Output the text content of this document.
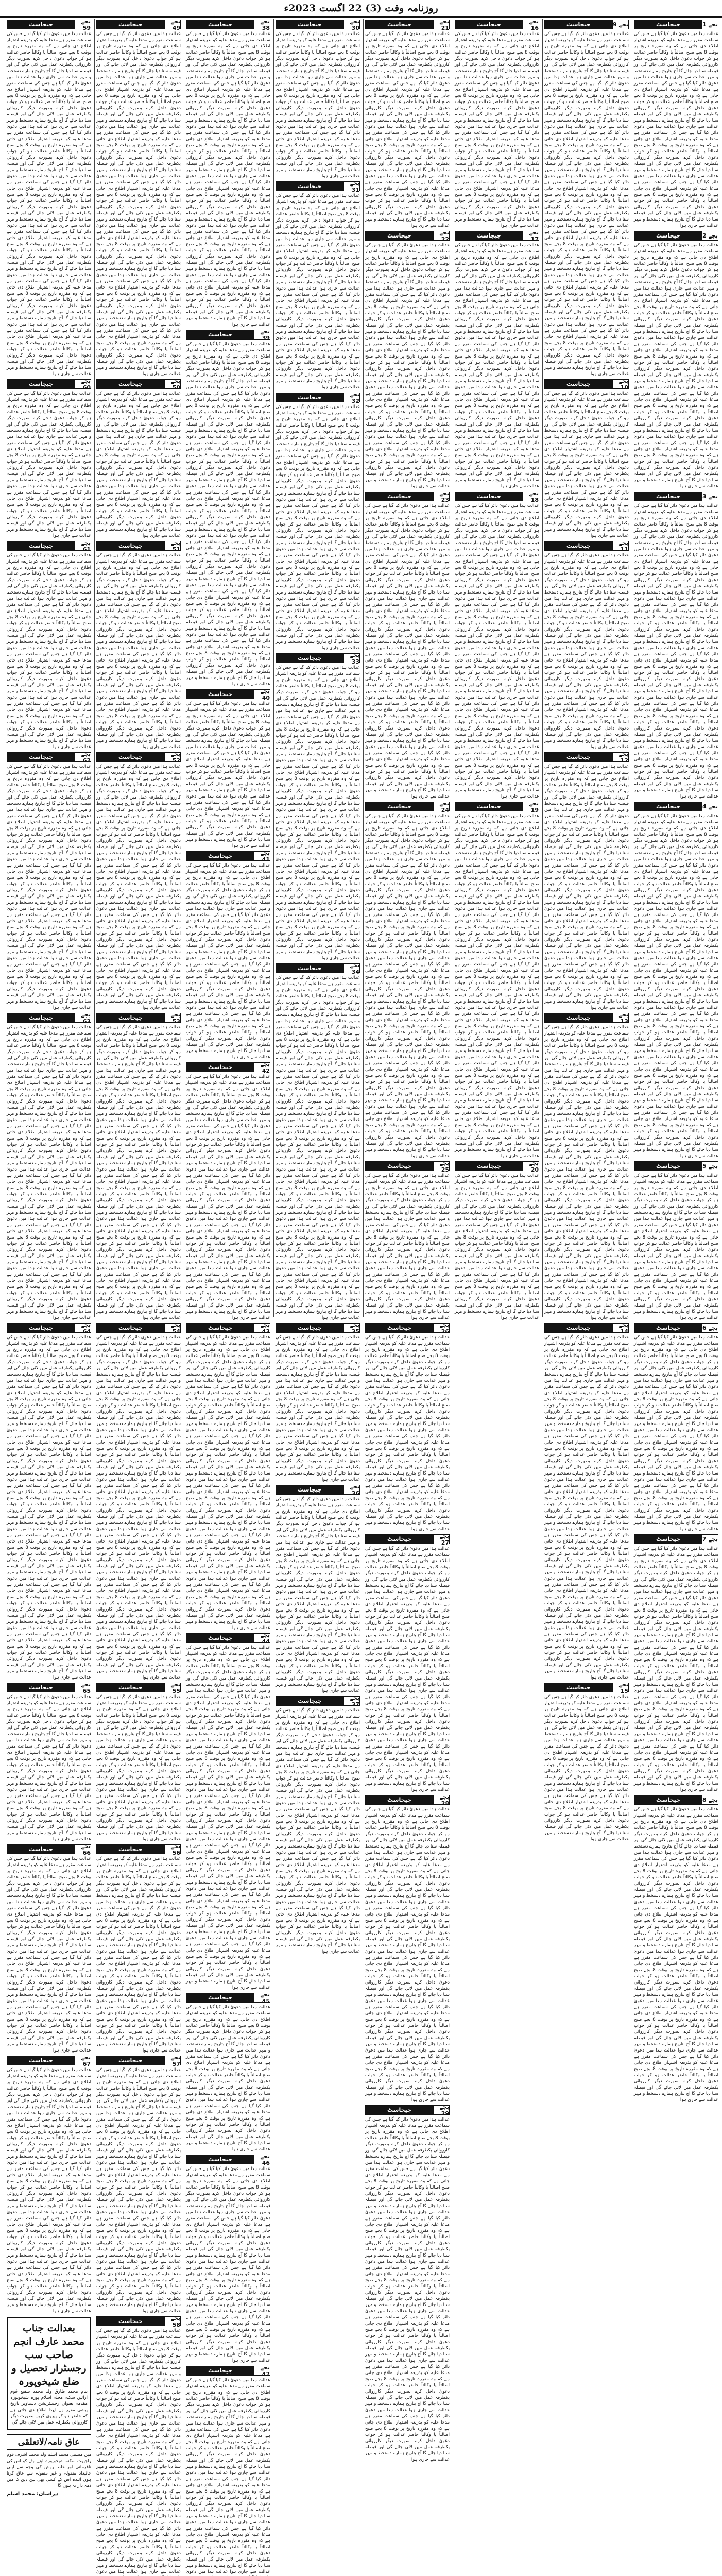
روزنامہ وقت (3) 22 اگست 2023ء
بجے 1
جیجاسٹ
عدالت ہذا میں دعویٰ دائر کیا گیا ہے جس کی سماعت مقرر ہے مدعا علیہ کو بذریعہ اشتہار اطلاع دی جاتی ہے کہ وہ مقررہ تاریخ پر بوقت 8 بجے صبح اصالتاً یا وکالتاً حاضر عدالت ہو کر جواب دعویٰ داخل کرے بصورت دیگر کارروائی یکطرفہ عمل میں لائی جائے گی اور فیصلہ سنا دیا جائے گا آج بتاریخ ہمارے دستخط و مہر عدالت سے جاری ہوا عدالت ہذا میں دعویٰ دائر کیا گیا ہے جس کی سماعت مقرر ہے مدعا علیہ کو بذریعہ اشتہار اطلاع دی جاتی ہے کہ وہ مقررہ تاریخ پر بوقت 8 بجے صبح اصالتاً یا وکالتاً حاضر عدالت ہو کر جواب دعویٰ داخل کرے بصورت دیگر کارروائی یکطرفہ عمل میں لائی جائے گی اور فیصلہ سنا دیا جائے گا آج بتاریخ ہمارے دستخط و مہر عدالت سے جاری ہوا عدالت ہذا میں دعویٰ دائر کیا گیا ہے جس کی سماعت مقرر ہے مدعا علیہ کو بذریعہ اشتہار اطلاع دی جاتی ہے کہ وہ مقررہ تاریخ پر بوقت 8 بجے صبح اصالتاً یا وکالتاً حاضر عدالت ہو کر جواب دعویٰ داخل کرے بصورت دیگر کارروائی یکطرفہ عمل میں لائی جائے گی اور فیصلہ سنا دیا جائے گا آج بتاریخ ہمارے دستخط و مہر عدالت سے جاری ہوا عدالت ہذا میں دعویٰ دائر کیا گیا ہے جس کی سماعت مقرر ہے مدعا علیہ کو بذریعہ اشتہار اطلاع دی جاتی ہے کہ وہ مقررہ تاریخ پر بوقت 8 بجے صبح اصالتاً یا وکالتاً حاضر عدالت ہو کر جواب دعویٰ داخل کرے بصورت دیگر کارروائی یکطرفہ عمل میں لائی جائے گی اور فیصلہ سنا دیا جائے گا آج بتاریخ ہمارے دستخط و مہر عدالت سے جاری ہوا
بجے 2
جیجاسٹ
عدالت ہذا میں دعویٰ دائر کیا گیا ہے جس کی سماعت مقرر ہے مدعا علیہ کو بذریعہ اشتہار اطلاع دی جاتی ہے کہ وہ مقررہ تاریخ پر بوقت 8 بجے صبح اصالتاً یا وکالتاً حاضر عدالت ہو کر جواب دعویٰ داخل کرے بصورت دیگر کارروائی یکطرفہ عمل میں لائی جائے گی اور فیصلہ سنا دیا جائے گا آج بتاریخ ہمارے دستخط و مہر عدالت سے جاری ہوا عدالت ہذا میں دعویٰ دائر کیا گیا ہے جس کی سماعت مقرر ہے مدعا علیہ کو بذریعہ اشتہار اطلاع دی جاتی ہے کہ وہ مقررہ تاریخ پر بوقت 8 بجے صبح اصالتاً یا وکالتاً حاضر عدالت ہو کر جواب دعویٰ داخل کرے بصورت دیگر کارروائی یکطرفہ عمل میں لائی جائے گی اور فیصلہ سنا دیا جائے گا آج بتاریخ ہمارے دستخط و مہر عدالت سے جاری ہوا عدالت ہذا میں دعویٰ دائر کیا گیا ہے جس کی سماعت مقرر ہے مدعا علیہ کو بذریعہ اشتہار اطلاع دی جاتی ہے کہ وہ مقررہ تاریخ پر بوقت 8 بجے صبح اصالتاً یا وکالتاً حاضر عدالت ہو کر جواب دعویٰ داخل کرے بصورت دیگر کارروائی یکطرفہ عمل میں لائی جائے گی اور فیصلہ سنا دیا جائے گا آج بتاریخ ہمارے دستخط و مہر عدالت سے جاری ہوا عدالت ہذا میں دعویٰ دائر کیا گیا ہے جس کی سماعت مقرر ہے مدعا علیہ کو بذریعہ اشتہار اطلاع دی جاتی ہے کہ وہ مقررہ تاریخ پر بوقت 8 بجے صبح اصالتاً یا وکالتاً حاضر عدالت ہو کر جواب دعویٰ داخل کرے بصورت دیگر کارروائی یکطرفہ عمل میں لائی جائے گی اور فیصلہ سنا دیا جائے گا آج بتاریخ ہمارے دستخط و مہر عدالت سے جاری ہوا عدالت ہذا میں دعویٰ دائر کیا گیا ہے جس کی سماعت مقرر ہے مدعا علیہ کو بذریعہ اشتہار اطلاع دی جاتی ہے کہ وہ مقررہ تاریخ پر بوقت 8 بجے صبح اصالتاً یا وکالتاً حاضر عدالت ہو کر جواب دعویٰ داخل کرے بصورت دیگر کارروائی یکطرفہ عمل میں لائی جائے گی اور فیصلہ سنا دیا جائے گا آج بتاریخ ہمارے دستخط و مہر عدالت سے جاری ہوا
بجے 3
جیجاسٹ
عدالت ہذا میں دعویٰ دائر کیا گیا ہے جس کی سماعت مقرر ہے مدعا علیہ کو بذریعہ اشتہار اطلاع دی جاتی ہے کہ وہ مقررہ تاریخ پر بوقت 8 بجے صبح اصالتاً یا وکالتاً حاضر عدالت ہو کر جواب دعویٰ داخل کرے بصورت دیگر کارروائی یکطرفہ عمل میں لائی جائے گی اور فیصلہ سنا دیا جائے گا آج بتاریخ ہمارے دستخط و مہر عدالت سے جاری ہوا عدالت ہذا میں دعویٰ دائر کیا گیا ہے جس کی سماعت مقرر ہے مدعا علیہ کو بذریعہ اشتہار اطلاع دی جاتی ہے کہ وہ مقررہ تاریخ پر بوقت 8 بجے صبح اصالتاً یا وکالتاً حاضر عدالت ہو کر جواب دعویٰ داخل کرے بصورت دیگر کارروائی یکطرفہ عمل میں لائی جائے گی اور فیصلہ سنا دیا جائے گا آج بتاریخ ہمارے دستخط و مہر عدالت سے جاری ہوا عدالت ہذا میں دعویٰ دائر کیا گیا ہے جس کی سماعت مقرر ہے مدعا علیہ کو بذریعہ اشتہار اطلاع دی جاتی ہے کہ وہ مقررہ تاریخ پر بوقت 8 بجے صبح اصالتاً یا وکالتاً حاضر عدالت ہو کر جواب دعویٰ داخل کرے بصورت دیگر کارروائی یکطرفہ عمل میں لائی جائے گی اور فیصلہ سنا دیا جائے گا آج بتاریخ ہمارے دستخط و مہر عدالت سے جاری ہوا عدالت ہذا میں دعویٰ دائر کیا گیا ہے جس کی سماعت مقرر ہے مدعا علیہ کو بذریعہ اشتہار اطلاع دی جاتی ہے کہ وہ مقررہ تاریخ پر بوقت 8 بجے صبح اصالتاً یا وکالتاً حاضر عدالت ہو کر جواب دعویٰ داخل کرے بصورت دیگر کارروائی یکطرفہ عمل میں لائی جائے گی اور فیصلہ سنا دیا جائے گا آج بتاریخ ہمارے دستخط و مہر عدالت سے جاری ہوا عدالت ہذا میں دعویٰ دائر کیا گیا ہے جس کی سماعت مقرر ہے مدعا علیہ کو بذریعہ اشتہار اطلاع دی جاتی ہے کہ وہ مقررہ تاریخ پر بوقت 8 بجے صبح اصالتاً یا وکالتاً حاضر عدالت ہو کر جواب دعویٰ داخل کرے بصورت دیگر کارروائی یکطرفہ عمل میں لائی جائے گی اور فیصلہ سنا دیا جائے گا آج بتاریخ ہمارے دستخط و مہر عدالت سے جاری ہوا عدالت ہذا میں دعویٰ دائر کیا گیا ہے جس کی سماعت مقرر ہے مدعا علیہ کو بذریعہ اشتہار اطلاع دی جاتی ہے کہ وہ مقررہ تاریخ پر بوقت 8 بجے صبح اصالتاً یا وکالتاً حاضر عدالت ہو کر جواب دعویٰ داخل کرے بصورت دیگر کارروائی یکطرفہ عمل میں لائی جائے گی اور فیصلہ سنا دیا جائے گا آج بتاریخ ہمارے دستخط و مہر عدالت سے جاری ہوا
بجے 4
جیجاسٹ
عدالت ہذا میں دعویٰ دائر کیا گیا ہے جس کی سماعت مقرر ہے مدعا علیہ کو بذریعہ اشتہار اطلاع دی جاتی ہے کہ وہ مقررہ تاریخ پر بوقت 8 بجے صبح اصالتاً یا وکالتاً حاضر عدالت ہو کر جواب دعویٰ داخل کرے بصورت دیگر کارروائی یکطرفہ عمل میں لائی جائے گی اور فیصلہ سنا دیا جائے گا آج بتاریخ ہمارے دستخط و مہر عدالت سے جاری ہوا عدالت ہذا میں دعویٰ دائر کیا گیا ہے جس کی سماعت مقرر ہے مدعا علیہ کو بذریعہ اشتہار اطلاع دی جاتی ہے کہ وہ مقررہ تاریخ پر بوقت 8 بجے صبح اصالتاً یا وکالتاً حاضر عدالت ہو کر جواب دعویٰ داخل کرے بصورت دیگر کارروائی یکطرفہ عمل میں لائی جائے گی اور فیصلہ سنا دیا جائے گا آج بتاریخ ہمارے دستخط و مہر عدالت سے جاری ہوا عدالت ہذا میں دعویٰ دائر کیا گیا ہے جس کی سماعت مقرر ہے مدعا علیہ کو بذریعہ اشتہار اطلاع دی جاتی ہے کہ وہ مقررہ تاریخ پر بوقت 8 بجے صبح اصالتاً یا وکالتاً حاضر عدالت ہو کر جواب دعویٰ داخل کرے بصورت دیگر کارروائی یکطرفہ عمل میں لائی جائے گی اور فیصلہ سنا دیا جائے گا آج بتاریخ ہمارے دستخط و مہر عدالت سے جاری ہوا عدالت ہذا میں دعویٰ دائر کیا گیا ہے جس کی سماعت مقرر ہے مدعا علیہ کو بذریعہ اشتہار اطلاع دی جاتی ہے کہ وہ مقررہ تاریخ پر بوقت 8 بجے صبح اصالتاً یا وکالتاً حاضر عدالت ہو کر جواب دعویٰ داخل کرے بصورت دیگر کارروائی یکطرفہ عمل میں لائی جائے گی اور فیصلہ سنا دیا جائے گا آج بتاریخ ہمارے دستخط و مہر عدالت سے جاری ہوا عدالت ہذا میں دعویٰ دائر کیا گیا ہے جس کی سماعت مقرر ہے مدعا علیہ کو بذریعہ اشتہار اطلاع دی جاتی ہے کہ وہ مقررہ تاریخ پر بوقت 8 بجے صبح اصالتاً یا وکالتاً حاضر عدالت ہو کر جواب دعویٰ داخل کرے بصورت دیگر کارروائی یکطرفہ عمل میں لائی جائے گی اور فیصلہ سنا دیا جائے گا آج بتاریخ ہمارے دستخط و مہر عدالت سے جاری ہوا عدالت ہذا میں دعویٰ دائر کیا گیا ہے جس کی سماعت مقرر ہے مدعا علیہ کو بذریعہ اشتہار اطلاع دی جاتی ہے کہ وہ مقررہ تاریخ پر بوقت 8 بجے صبح اصالتاً یا وکالتاً حاضر عدالت ہو کر جواب دعویٰ داخل کرے بصورت دیگر کارروائی یکطرفہ عمل میں لائی جائے گی اور فیصلہ سنا دیا جائے گا آج بتاریخ ہمارے دستخط و مہر عدالت سے جاری ہوا عدالت ہذا میں دعویٰ دائر کیا گیا ہے جس کی سماعت مقرر ہے مدعا علیہ کو بذریعہ اشتہار اطلاع دی جاتی ہے کہ وہ مقررہ تاریخ پر بوقت 8 بجے صبح اصالتاً یا وکالتاً حاضر عدالت ہو کر جواب دعویٰ داخل کرے بصورت دیگر کارروائی یکطرفہ عمل میں لائی جائے گی اور فیصلہ سنا دیا جائے گا آج بتاریخ ہمارے دستخط و مہر عدالت سے جاری ہوا
بجے 5
جیجاسٹ
عدالت ہذا میں دعویٰ دائر کیا گیا ہے جس کی سماعت مقرر ہے مدعا علیہ کو بذریعہ اشتہار اطلاع دی جاتی ہے کہ وہ مقررہ تاریخ پر بوقت 8 بجے صبح اصالتاً یا وکالتاً حاضر عدالت ہو کر جواب دعویٰ داخل کرے بصورت دیگر کارروائی یکطرفہ عمل میں لائی جائے گی اور فیصلہ سنا دیا جائے گا آج بتاریخ ہمارے دستخط و مہر عدالت سے جاری ہوا عدالت ہذا میں دعویٰ دائر کیا گیا ہے جس کی سماعت مقرر ہے مدعا علیہ کو بذریعہ اشتہار اطلاع دی جاتی ہے کہ وہ مقررہ تاریخ پر بوقت 8 بجے صبح اصالتاً یا وکالتاً حاضر عدالت ہو کر جواب دعویٰ داخل کرے بصورت دیگر کارروائی یکطرفہ عمل میں لائی جائے گی اور فیصلہ سنا دیا جائے گا آج بتاریخ ہمارے دستخط و مہر عدالت سے جاری ہوا عدالت ہذا میں دعویٰ دائر کیا گیا ہے جس کی سماعت مقرر ہے مدعا علیہ کو بذریعہ اشتہار اطلاع دی جاتی ہے کہ وہ مقررہ تاریخ پر بوقت 8 بجے صبح اصالتاً یا وکالتاً حاضر عدالت ہو کر جواب دعویٰ داخل کرے بصورت دیگر کارروائی یکطرفہ عمل میں لائی جائے گی اور فیصلہ سنا دیا جائے گا آج بتاریخ ہمارے دستخط و مہر عدالت سے جاری ہوا
بجے 6
جیجاسٹ
عدالت ہذا میں دعویٰ دائر کیا گیا ہے جس کی سماعت مقرر ہے مدعا علیہ کو بذریعہ اشتہار اطلاع دی جاتی ہے کہ وہ مقررہ تاریخ پر بوقت 8 بجے صبح اصالتاً یا وکالتاً حاضر عدالت ہو کر جواب دعویٰ داخل کرے بصورت دیگر کارروائی یکطرفہ عمل میں لائی جائے گی اور فیصلہ سنا دیا جائے گا آج بتاریخ ہمارے دستخط و مہر عدالت سے جاری ہوا عدالت ہذا میں دعویٰ دائر کیا گیا ہے جس کی سماعت مقرر ہے مدعا علیہ کو بذریعہ اشتہار اطلاع دی جاتی ہے کہ وہ مقررہ تاریخ پر بوقت 8 بجے صبح اصالتاً یا وکالتاً حاضر عدالت ہو کر جواب دعویٰ داخل کرے بصورت دیگر کارروائی یکطرفہ عمل میں لائی جائے گی اور فیصلہ سنا دیا جائے گا آج بتاریخ ہمارے دستخط و مہر عدالت سے جاری ہوا عدالت ہذا میں دعویٰ دائر کیا گیا ہے جس کی سماعت مقرر ہے مدعا علیہ کو بذریعہ اشتہار اطلاع دی جاتی ہے کہ وہ مقررہ تاریخ پر بوقت 8 بجے صبح اصالتاً یا وکالتاً حاضر عدالت ہو کر جواب دعویٰ داخل کرے بصورت دیگر کارروائی یکطرفہ عمل میں لائی جائے گی اور فیصلہ سنا دیا جائے گا آج بتاریخ ہمارے دستخط و مہر عدالت سے جاری ہوا عدالت ہذا میں دعویٰ دائر کیا گیا ہے جس کی سماعت مقرر ہے مدعا علیہ کو بذریعہ اشتہار اطلاع دی جاتی ہے کہ وہ مقررہ تاریخ پر بوقت 8 بجے صبح اصالتاً یا وکالتاً حاضر عدالت ہو کر جواب دعویٰ داخل کرے بصورت دیگر کارروائی یکطرفہ عمل میں لائی جائے گی اور فیصلہ سنا دیا جائے گا آج بتاریخ ہمارے دستخط و مہر عدالت سے جاری ہوا
بجے 7
جیجاسٹ
عدالت ہذا میں دعویٰ دائر کیا گیا ہے جس کی سماعت مقرر ہے مدعا علیہ کو بذریعہ اشتہار اطلاع دی جاتی ہے کہ وہ مقررہ تاریخ پر بوقت 8 بجے صبح اصالتاً یا وکالتاً حاضر عدالت ہو کر جواب دعویٰ داخل کرے بصورت دیگر کارروائی یکطرفہ عمل میں لائی جائے گی اور فیصلہ سنا دیا جائے گا آج بتاریخ ہمارے دستخط و مہر عدالت سے جاری ہوا عدالت ہذا میں دعویٰ دائر کیا گیا ہے جس کی سماعت مقرر ہے مدعا علیہ کو بذریعہ اشتہار اطلاع دی جاتی ہے کہ وہ مقررہ تاریخ پر بوقت 8 بجے صبح اصالتاً یا وکالتاً حاضر عدالت ہو کر جواب دعویٰ داخل کرے بصورت دیگر کارروائی یکطرفہ عمل میں لائی جائے گی اور فیصلہ سنا دیا جائے گا آج بتاریخ ہمارے دستخط و مہر عدالت سے جاری ہوا عدالت ہذا میں دعویٰ دائر کیا گیا ہے جس کی سماعت مقرر ہے مدعا علیہ کو بذریعہ اشتہار اطلاع دی جاتی ہے کہ وہ مقررہ تاریخ پر بوقت 8 بجے صبح اصالتاً یا وکالتاً حاضر عدالت ہو کر جواب دعویٰ داخل کرے بصورت دیگر کارروائی یکطرفہ عمل میں لائی جائے گی اور فیصلہ سنا دیا جائے گا آج بتاریخ ہمارے دستخط و مہر عدالت سے جاری ہوا عدالت ہذا میں دعویٰ دائر کیا گیا ہے جس کی سماعت مقرر ہے مدعا علیہ کو بذریعہ اشتہار اطلاع دی جاتی ہے کہ وہ مقررہ تاریخ پر بوقت 8 بجے صبح اصالتاً یا وکالتاً حاضر عدالت ہو کر جواب دعویٰ داخل کرے بصورت دیگر کارروائی یکطرفہ عمل میں لائی جائے گی اور فیصلہ سنا دیا جائے گا آج بتاریخ ہمارے دستخط و مہر عدالت سے جاری ہوا عدالت ہذا میں دعویٰ دائر کیا گیا ہے جس کی سماعت مقرر ہے مدعا علیہ کو بذریعہ اشتہار اطلاع دی جاتی ہے کہ وہ مقررہ تاریخ پر بوقت 8 بجے صبح اصالتاً یا وکالتاً حاضر عدالت ہو کر جواب دعویٰ داخل کرے بصورت دیگر کارروائی یکطرفہ عمل میں لائی جائے گی اور فیصلہ سنا دیا جائے گا آج بتاریخ ہمارے دستخط و مہر عدالت سے جاری ہوا
بجے 8
جیجاسٹ
عدالت ہذا میں دعویٰ دائر کیا گیا ہے جس کی سماعت مقرر ہے مدعا علیہ کو بذریعہ اشتہار اطلاع دی جاتی ہے کہ وہ مقررہ تاریخ پر بوقت 8 بجے صبح اصالتاً یا وکالتاً حاضر عدالت ہو کر جواب دعویٰ داخل کرے بصورت دیگر کارروائی یکطرفہ عمل میں لائی جائے گی اور فیصلہ سنا دیا جائے گا آج بتاریخ ہمارے دستخط و مہر عدالت سے جاری ہوا عدالت ہذا میں دعویٰ دائر کیا گیا ہے جس کی سماعت مقرر ہے مدعا علیہ کو بذریعہ اشتہار اطلاع دی جاتی ہے کہ وہ مقررہ تاریخ پر بوقت 8 بجے صبح اصالتاً یا وکالتاً حاضر عدالت ہو کر جواب دعویٰ داخل کرے بصورت دیگر کارروائی یکطرفہ عمل میں لائی جائے گی اور فیصلہ سنا دیا جائے گا آج بتاریخ ہمارے دستخط و مہر عدالت سے جاری ہوا عدالت ہذا میں دعویٰ دائر کیا گیا ہے جس کی سماعت مقرر ہے مدعا علیہ کو بذریعہ اشتہار اطلاع دی جاتی ہے کہ وہ مقررہ تاریخ پر بوقت 8 بجے صبح اصالتاً یا وکالتاً حاضر عدالت ہو کر جواب دعویٰ داخل کرے بصورت دیگر کارروائی یکطرفہ عمل میں لائی جائے گی اور فیصلہ سنا دیا جائے گا آج بتاریخ ہمارے دستخط و مہر عدالت سے جاری ہوا عدالت ہذا میں دعویٰ دائر کیا گیا ہے جس کی سماعت مقرر ہے مدعا علیہ کو بذریعہ اشتہار اطلاع دی جاتی ہے کہ وہ مقررہ تاریخ پر بوقت 8 بجے صبح اصالتاً یا وکالتاً حاضر عدالت ہو کر جواب دعویٰ داخل کرے بصورت دیگر کارروائی یکطرفہ عمل میں لائی جائے گی اور فیصلہ سنا دیا جائے گا آج بتاریخ ہمارے دستخط و مہر عدالت سے جاری ہوا عدالت ہذا میں دعویٰ دائر کیا گیا ہے جس کی سماعت مقرر ہے مدعا علیہ کو بذریعہ اشتہار اطلاع دی جاتی ہے کہ وہ مقررہ تاریخ پر بوقت 8 بجے صبح اصالتاً یا وکالتاً حاضر عدالت ہو کر جواب دعویٰ داخل کرے بصورت دیگر کارروائی یکطرفہ عمل میں لائی جائے گی اور فیصلہ سنا دیا جائے گا آج بتاریخ ہمارے دستخط و مہر عدالت سے جاری ہوا عدالت ہذا میں دعویٰ دائر کیا گیا ہے جس کی سماعت مقرر ہے مدعا علیہ کو بذریعہ اشتہار اطلاع دی جاتی ہے کہ وہ مقررہ تاریخ پر بوقت 8 بجے صبح اصالتاً یا وکالتاً حاضر عدالت ہو کر جواب دعویٰ داخل کرے بصورت دیگر کارروائی یکطرفہ عمل میں لائی جائے گی اور فیصلہ سنا دیا جائے گا آج بتاریخ ہمارے دستخط و مہر عدالت سے جاری ہوا
بجے 9
جیجاسٹ
عدالت ہذا میں دعویٰ دائر کیا گیا ہے جس کی سماعت مقرر ہے مدعا علیہ کو بذریعہ اشتہار اطلاع دی جاتی ہے کہ وہ مقررہ تاریخ پر بوقت 8 بجے صبح اصالتاً یا وکالتاً حاضر عدالت ہو کر جواب دعویٰ داخل کرے بصورت دیگر کارروائی یکطرفہ عمل میں لائی جائے گی اور فیصلہ سنا دیا جائے گا آج بتاریخ ہمارے دستخط و مہر عدالت سے جاری ہوا عدالت ہذا میں دعویٰ دائر کیا گیا ہے جس کی سماعت مقرر ہے مدعا علیہ کو بذریعہ اشتہار اطلاع دی جاتی ہے کہ وہ مقررہ تاریخ پر بوقت 8 بجے صبح اصالتاً یا وکالتاً حاضر عدالت ہو کر جواب دعویٰ داخل کرے بصورت دیگر کارروائی یکطرفہ عمل میں لائی جائے گی اور فیصلہ سنا دیا جائے گا آج بتاریخ ہمارے دستخط و مہر عدالت سے جاری ہوا عدالت ہذا میں دعویٰ دائر کیا گیا ہے جس کی سماعت مقرر ہے مدعا علیہ کو بذریعہ اشتہار اطلاع دی جاتی ہے کہ وہ مقررہ تاریخ پر بوقت 8 بجے صبح اصالتاً یا وکالتاً حاضر عدالت ہو کر جواب دعویٰ داخل کرے بصورت دیگر کارروائی یکطرفہ عمل میں لائی جائے گی اور فیصلہ سنا دیا جائے گا آج بتاریخ ہمارے دستخط و مہر عدالت سے جاری ہوا عدالت ہذا میں دعویٰ دائر کیا گیا ہے جس کی سماعت مقرر ہے مدعا علیہ کو بذریعہ اشتہار اطلاع دی جاتی ہے کہ وہ مقررہ تاریخ پر بوقت 8 بجے صبح اصالتاً یا وکالتاً حاضر عدالت ہو کر جواب دعویٰ داخل کرے بصورت دیگر کارروائی یکطرفہ عمل میں لائی جائے گی اور فیصلہ سنا دیا جائے گا آج بتاریخ ہمارے دستخط و مہر عدالت سے جاری ہوا عدالت ہذا میں دعویٰ دائر کیا گیا ہے جس کی سماعت مقرر ہے مدعا علیہ کو بذریعہ اشتہار اطلاع دی جاتی ہے کہ وہ مقررہ تاریخ پر بوقت 8 بجے صبح اصالتاً یا وکالتاً حاضر عدالت ہو کر جواب دعویٰ داخل کرے بصورت دیگر کارروائی یکطرفہ عمل میں لائی جائے گی اور فیصلہ سنا دیا جائے گا آج بتاریخ ہمارے دستخط و مہر عدالت سے جاری ہوا عدالت ہذا میں دعویٰ دائر کیا گیا ہے جس کی سماعت مقرر ہے مدعا علیہ کو بذریعہ اشتہار اطلاع دی جاتی ہے کہ وہ مقررہ تاریخ پر بوقت 8 بجے صبح اصالتاً یا وکالتاً حاضر عدالت ہو کر جواب دعویٰ داخل کرے بصورت دیگر کارروائی یکطرفہ عمل میں لائی جائے گی اور فیصلہ سنا دیا جائے گا آج بتاریخ ہمارے دستخط و مہر عدالت سے جاری ہوا عدالت ہذا میں دعویٰ دائر کیا گیا ہے جس کی سماعت مقرر ہے مدعا علیہ کو بذریعہ اشتہار اطلاع دی جاتی ہے کہ وہ مقررہ تاریخ پر بوقت 8 بجے صبح اصالتاً یا وکالتاً حاضر عدالت ہو کر جواب دعویٰ داخل کرے بصورت دیگر کارروائی یکطرفہ عمل میں لائی جائے گی اور فیصلہ سنا دیا جائے گا آج بتاریخ ہمارے دستخط و مہر عدالت سے جاری ہوا
بجے 10
جیجاسٹ
عدالت ہذا میں دعویٰ دائر کیا گیا ہے جس کی سماعت مقرر ہے مدعا علیہ کو بذریعہ اشتہار اطلاع دی جاتی ہے کہ وہ مقررہ تاریخ پر بوقت 8 بجے صبح اصالتاً یا وکالتاً حاضر عدالت ہو کر جواب دعویٰ داخل کرے بصورت دیگر کارروائی یکطرفہ عمل میں لائی جائے گی اور فیصلہ سنا دیا جائے گا آج بتاریخ ہمارے دستخط و مہر عدالت سے جاری ہوا عدالت ہذا میں دعویٰ دائر کیا گیا ہے جس کی سماعت مقرر ہے مدعا علیہ کو بذریعہ اشتہار اطلاع دی جاتی ہے کہ وہ مقررہ تاریخ پر بوقت 8 بجے صبح اصالتاً یا وکالتاً حاضر عدالت ہو کر جواب دعویٰ داخل کرے بصورت دیگر کارروائی یکطرفہ عمل میں لائی جائے گی اور فیصلہ سنا دیا جائے گا آج بتاریخ ہمارے دستخط و مہر عدالت سے جاری ہوا عدالت ہذا میں دعویٰ دائر کیا گیا ہے جس کی سماعت مقرر ہے مدعا علیہ کو بذریعہ اشتہار اطلاع دی جاتی ہے کہ وہ مقررہ تاریخ پر بوقت 8 بجے صبح اصالتاً یا وکالتاً حاضر عدالت ہو کر جواب دعویٰ داخل کرے بصورت دیگر کارروائی یکطرفہ عمل میں لائی جائے گی اور فیصلہ سنا دیا جائے گا آج بتاریخ ہمارے دستخط و مہر عدالت سے جاری ہوا
بجے 11
جیجاسٹ
عدالت ہذا میں دعویٰ دائر کیا گیا ہے جس کی سماعت مقرر ہے مدعا علیہ کو بذریعہ اشتہار اطلاع دی جاتی ہے کہ وہ مقررہ تاریخ پر بوقت 8 بجے صبح اصالتاً یا وکالتاً حاضر عدالت ہو کر جواب دعویٰ داخل کرے بصورت دیگر کارروائی یکطرفہ عمل میں لائی جائے گی اور فیصلہ سنا دیا جائے گا آج بتاریخ ہمارے دستخط و مہر عدالت سے جاری ہوا عدالت ہذا میں دعویٰ دائر کیا گیا ہے جس کی سماعت مقرر ہے مدعا علیہ کو بذریعہ اشتہار اطلاع دی جاتی ہے کہ وہ مقررہ تاریخ پر بوقت 8 بجے صبح اصالتاً یا وکالتاً حاضر عدالت ہو کر جواب دعویٰ داخل کرے بصورت دیگر کارروائی یکطرفہ عمل میں لائی جائے گی اور فیصلہ سنا دیا جائے گا آج بتاریخ ہمارے دستخط و مہر عدالت سے جاری ہوا عدالت ہذا میں دعویٰ دائر کیا گیا ہے جس کی سماعت مقرر ہے مدعا علیہ کو بذریعہ اشتہار اطلاع دی جاتی ہے کہ وہ مقررہ تاریخ پر بوقت 8 بجے صبح اصالتاً یا وکالتاً حاضر عدالت ہو کر جواب دعویٰ داخل کرے بصورت دیگر کارروائی یکطرفہ عمل میں لائی جائے گی اور فیصلہ سنا دیا جائے گا آج بتاریخ ہمارے دستخط و مہر عدالت سے جاری ہوا عدالت ہذا میں دعویٰ دائر کیا گیا ہے جس کی سماعت مقرر ہے مدعا علیہ کو بذریعہ اشتہار اطلاع دی جاتی ہے کہ وہ مقررہ تاریخ پر بوقت 8 بجے صبح اصالتاً یا وکالتاً حاضر عدالت ہو کر جواب دعویٰ داخل کرے بصورت دیگر کارروائی یکطرفہ عمل میں لائی جائے گی اور فیصلہ سنا دیا جائے گا آج بتاریخ ہمارے دستخط و مہر عدالت سے جاری ہوا
بجے 12
جیجاسٹ
عدالت ہذا میں دعویٰ دائر کیا گیا ہے جس کی سماعت مقرر ہے مدعا علیہ کو بذریعہ اشتہار اطلاع دی جاتی ہے کہ وہ مقررہ تاریخ پر بوقت 8 بجے صبح اصالتاً یا وکالتاً حاضر عدالت ہو کر جواب دعویٰ داخل کرے بصورت دیگر کارروائی یکطرفہ عمل میں لائی جائے گی اور فیصلہ سنا دیا جائے گا آج بتاریخ ہمارے دستخط و مہر عدالت سے جاری ہوا عدالت ہذا میں دعویٰ دائر کیا گیا ہے جس کی سماعت مقرر ہے مدعا علیہ کو بذریعہ اشتہار اطلاع دی جاتی ہے کہ وہ مقررہ تاریخ پر بوقت 8 بجے صبح اصالتاً یا وکالتاً حاضر عدالت ہو کر جواب دعویٰ داخل کرے بصورت دیگر کارروائی یکطرفہ عمل میں لائی جائے گی اور فیصلہ سنا دیا جائے گا آج بتاریخ ہمارے دستخط و مہر عدالت سے جاری ہوا عدالت ہذا میں دعویٰ دائر کیا گیا ہے جس کی سماعت مقرر ہے مدعا علیہ کو بذریعہ اشتہار اطلاع دی جاتی ہے کہ وہ مقررہ تاریخ پر بوقت 8 بجے صبح اصالتاً یا وکالتاً حاضر عدالت ہو کر جواب دعویٰ داخل کرے بصورت دیگر کارروائی یکطرفہ عمل میں لائی جائے گی اور فیصلہ سنا دیا جائے گا آج بتاریخ ہمارے دستخط و مہر عدالت سے جاری ہوا عدالت ہذا میں دعویٰ دائر کیا گیا ہے جس کی سماعت مقرر ہے مدعا علیہ کو بذریعہ اشتہار اطلاع دی جاتی ہے کہ وہ مقررہ تاریخ پر بوقت 8 بجے صبح اصالتاً یا وکالتاً حاضر عدالت ہو کر جواب دعویٰ داخل کرے بصورت دیگر کارروائی یکطرفہ عمل میں لائی جائے گی اور فیصلہ سنا دیا جائے گا آج بتاریخ ہمارے دستخط و مہر عدالت سے جاری ہوا عدالت ہذا میں دعویٰ دائر کیا گیا ہے جس کی سماعت مقرر ہے مدعا علیہ کو بذریعہ اشتہار اطلاع دی جاتی ہے کہ وہ مقررہ تاریخ پر بوقت 8 بجے صبح اصالتاً یا وکالتاً حاضر عدالت ہو کر جواب دعویٰ داخل کرے بصورت دیگر کارروائی یکطرفہ عمل میں لائی جائے گی اور فیصلہ سنا دیا جائے گا آج بتاریخ ہمارے دستخط و مہر عدالت سے جاری ہوا
بجے 13
جیجاسٹ
عدالت ہذا میں دعویٰ دائر کیا گیا ہے جس کی سماعت مقرر ہے مدعا علیہ کو بذریعہ اشتہار اطلاع دی جاتی ہے کہ وہ مقررہ تاریخ پر بوقت 8 بجے صبح اصالتاً یا وکالتاً حاضر عدالت ہو کر جواب دعویٰ داخل کرے بصورت دیگر کارروائی یکطرفہ عمل میں لائی جائے گی اور فیصلہ سنا دیا جائے گا آج بتاریخ ہمارے دستخط و مہر عدالت سے جاری ہوا عدالت ہذا میں دعویٰ دائر کیا گیا ہے جس کی سماعت مقرر ہے مدعا علیہ کو بذریعہ اشتہار اطلاع دی جاتی ہے کہ وہ مقررہ تاریخ پر بوقت 8 بجے صبح اصالتاً یا وکالتاً حاضر عدالت ہو کر جواب دعویٰ داخل کرے بصورت دیگر کارروائی یکطرفہ عمل میں لائی جائے گی اور فیصلہ سنا دیا جائے گا آج بتاریخ ہمارے دستخط و مہر عدالت سے جاری ہوا عدالت ہذا میں دعویٰ دائر کیا گیا ہے جس کی سماعت مقرر ہے مدعا علیہ کو بذریعہ اشتہار اطلاع دی جاتی ہے کہ وہ مقررہ تاریخ پر بوقت 8 بجے صبح اصالتاً یا وکالتاً حاضر عدالت ہو کر جواب دعویٰ داخل کرے بصورت دیگر کارروائی یکطرفہ عمل میں لائی جائے گی اور فیصلہ سنا دیا جائے گا آج بتاریخ ہمارے دستخط و مہر عدالت سے جاری ہوا عدالت ہذا میں دعویٰ دائر کیا گیا ہے جس کی سماعت مقرر ہے مدعا علیہ کو بذریعہ اشتہار اطلاع دی جاتی ہے کہ وہ مقررہ تاریخ پر بوقت 8 بجے صبح اصالتاً یا وکالتاً حاضر عدالت ہو کر جواب دعویٰ داخل کرے بصورت دیگر کارروائی یکطرفہ عمل میں لائی جائے گی اور فیصلہ سنا دیا جائے گا آج بتاریخ ہمارے دستخط و مہر عدالت سے جاری ہوا عدالت ہذا میں دعویٰ دائر کیا گیا ہے جس کی سماعت مقرر ہے مدعا علیہ کو بذریعہ اشتہار اطلاع دی جاتی ہے کہ وہ مقررہ تاریخ پر بوقت 8 بجے صبح اصالتاً یا وکالتاً حاضر عدالت ہو کر جواب دعویٰ داخل کرے بصورت دیگر کارروائی یکطرفہ عمل میں لائی جائے گی اور فیصلہ سنا دیا جائے گا آج بتاریخ ہمارے دستخط و مہر عدالت سے جاری ہوا عدالت ہذا میں دعویٰ دائر کیا گیا ہے جس کی سماعت مقرر ہے مدعا علیہ کو بذریعہ اشتہار اطلاع دی جاتی ہے کہ وہ مقررہ تاریخ پر بوقت 8 بجے صبح اصالتاً یا وکالتاً حاضر عدالت ہو کر جواب دعویٰ داخل کرے بصورت دیگر کارروائی یکطرفہ عمل میں لائی جائے گی اور فیصلہ سنا دیا جائے گا آج بتاریخ ہمارے دستخط و مہر عدالت سے جاری ہوا
بجے 14
جیجاسٹ
عدالت ہذا میں دعویٰ دائر کیا گیا ہے جس کی سماعت مقرر ہے مدعا علیہ کو بذریعہ اشتہار اطلاع دی جاتی ہے کہ وہ مقررہ تاریخ پر بوقت 8 بجے صبح اصالتاً یا وکالتاً حاضر عدالت ہو کر جواب دعویٰ داخل کرے بصورت دیگر کارروائی یکطرفہ عمل میں لائی جائے گی اور فیصلہ سنا دیا جائے گا آج بتاریخ ہمارے دستخط و مہر عدالت سے جاری ہوا عدالت ہذا میں دعویٰ دائر کیا گیا ہے جس کی سماعت مقرر ہے مدعا علیہ کو بذریعہ اشتہار اطلاع دی جاتی ہے کہ وہ مقررہ تاریخ پر بوقت 8 بجے صبح اصالتاً یا وکالتاً حاضر عدالت ہو کر جواب دعویٰ داخل کرے بصورت دیگر کارروائی یکطرفہ عمل میں لائی جائے گی اور فیصلہ سنا دیا جائے گا آج بتاریخ ہمارے دستخط و مہر عدالت سے جاری ہوا عدالت ہذا میں دعویٰ دائر کیا گیا ہے جس کی سماعت مقرر ہے مدعا علیہ کو بذریعہ اشتہار اطلاع دی جاتی ہے کہ وہ مقررہ تاریخ پر بوقت 8 بجے صبح اصالتاً یا وکالتاً حاضر عدالت ہو کر جواب دعویٰ داخل کرے بصورت دیگر کارروائی یکطرفہ عمل میں لائی جائے گی اور فیصلہ سنا دیا جائے گا آج بتاریخ ہمارے دستخط و مہر عدالت سے جاری ہوا عدالت ہذا میں دعویٰ دائر کیا گیا ہے جس کی سماعت مقرر ہے مدعا علیہ کو بذریعہ اشتہار اطلاع دی جاتی ہے کہ وہ مقررہ تاریخ پر بوقت 8 بجے صبح اصالتاً یا وکالتاً حاضر عدالت ہو کر جواب دعویٰ داخل کرے بصورت دیگر کارروائی یکطرفہ عمل میں لائی جائے گی اور فیصلہ سنا دیا جائے گا آج بتاریخ ہمارے دستخط و مہر عدالت سے جاری ہوا عدالت ہذا میں دعویٰ دائر کیا گیا ہے جس کی سماعت مقرر ہے مدعا علیہ کو بذریعہ اشتہار اطلاع دی جاتی ہے کہ وہ مقررہ تاریخ پر بوقت 8 بجے صبح اصالتاً یا وکالتاً حاضر عدالت ہو کر جواب دعویٰ داخل کرے بصورت دیگر کارروائی یکطرفہ عمل میں لائی جائے گی اور فیصلہ سنا دیا جائے گا آج بتاریخ ہمارے دستخط و مہر عدالت سے جاری ہوا عدالت ہذا میں دعویٰ دائر کیا گیا ہے جس کی سماعت مقرر ہے مدعا علیہ کو بذریعہ اشتہار اطلاع دی جاتی ہے کہ وہ مقررہ تاریخ پر بوقت 8 بجے صبح اصالتاً یا وکالتاً حاضر عدالت ہو کر جواب دعویٰ داخل کرے بصورت دیگر کارروائی یکطرفہ عمل میں لائی جائے گی اور فیصلہ سنا دیا جائے گا آج بتاریخ ہمارے دستخط و مہر عدالت سے جاری ہوا عدالت ہذا میں دعویٰ دائر کیا گیا ہے جس کی سماعت مقرر ہے مدعا علیہ کو بذریعہ اشتہار اطلاع دی جاتی ہے کہ وہ مقررہ تاریخ پر بوقت 8 بجے صبح اصالتاً یا وکالتاً حاضر عدالت ہو کر جواب دعویٰ داخل کرے بصورت دیگر کارروائی یکطرفہ عمل میں لائی جائے گی اور فیصلہ سنا دیا جائے گا آج بتاریخ ہمارے دستخط و مہر عدالت سے جاری ہوا
بجے 15
جیجاسٹ
عدالت ہذا میں دعویٰ دائر کیا گیا ہے جس کی سماعت مقرر ہے مدعا علیہ کو بذریعہ اشتہار اطلاع دی جاتی ہے کہ وہ مقررہ تاریخ پر بوقت 8 بجے صبح اصالتاً یا وکالتاً حاضر عدالت ہو کر جواب دعویٰ داخل کرے بصورت دیگر کارروائی یکطرفہ عمل میں لائی جائے گی اور فیصلہ سنا دیا جائے گا آج بتاریخ ہمارے دستخط و مہر عدالت سے جاری ہوا عدالت ہذا میں دعویٰ دائر کیا گیا ہے جس کی سماعت مقرر ہے مدعا علیہ کو بذریعہ اشتہار اطلاع دی جاتی ہے کہ وہ مقررہ تاریخ پر بوقت 8 بجے صبح اصالتاً یا وکالتاً حاضر عدالت ہو کر جواب دعویٰ داخل کرے بصورت دیگر کارروائی یکطرفہ عمل میں لائی جائے گی اور فیصلہ سنا دیا جائے گا آج بتاریخ ہمارے دستخط و مہر عدالت سے جاری ہوا عدالت ہذا میں دعویٰ دائر کیا گیا ہے جس کی سماعت مقرر ہے مدعا علیہ کو بذریعہ اشتہار اطلاع دی جاتی ہے کہ وہ مقررہ تاریخ پر بوقت 8 بجے صبح اصالتاً یا وکالتاً حاضر عدالت ہو کر جواب دعویٰ داخل کرے بصورت دیگر کارروائی یکطرفہ عمل میں لائی جائے گی اور فیصلہ سنا دیا جائے گا آج بتاریخ ہمارے دستخط و مہر عدالت سے جاری ہوا
بجے 16
جیجاسٹ
عدالت ہذا میں دعویٰ دائر کیا گیا ہے جس کی سماعت مقرر ہے مدعا علیہ کو بذریعہ اشتہار اطلاع دی جاتی ہے کہ وہ مقررہ تاریخ پر بوقت 8 بجے صبح اصالتاً یا وکالتاً حاضر عدالت ہو کر جواب دعویٰ داخل کرے بصورت دیگر کارروائی یکطرفہ عمل میں لائی جائے گی اور فیصلہ سنا دیا جائے گا آج بتاریخ ہمارے دستخط و مہر عدالت سے جاری ہوا عدالت ہذا میں دعویٰ دائر کیا گیا ہے جس کی سماعت مقرر ہے مدعا علیہ کو بذریعہ اشتہار اطلاع دی جاتی ہے کہ وہ مقررہ تاریخ پر بوقت 8 بجے صبح اصالتاً یا وکالتاً حاضر عدالت ہو کر جواب دعویٰ داخل کرے بصورت دیگر کارروائی یکطرفہ عمل میں لائی جائے گی اور فیصلہ سنا دیا جائے گا آج بتاریخ ہمارے دستخط و مہر عدالت سے جاری ہوا عدالت ہذا میں دعویٰ دائر کیا گیا ہے جس کی سماعت مقرر ہے مدعا علیہ کو بذریعہ اشتہار اطلاع دی جاتی ہے کہ وہ مقررہ تاریخ پر بوقت 8 بجے صبح اصالتاً یا وکالتاً حاضر عدالت ہو کر جواب دعویٰ داخل کرے بصورت دیگر کارروائی یکطرفہ عمل میں لائی جائے گی اور فیصلہ سنا دیا جائے گا آج بتاریخ ہمارے دستخط و مہر عدالت سے جاری ہوا عدالت ہذا میں دعویٰ دائر کیا گیا ہے جس کی سماعت مقرر ہے مدعا علیہ کو بذریعہ اشتہار اطلاع دی جاتی ہے کہ وہ مقررہ تاریخ پر بوقت 8 بجے صبح اصالتاً یا وکالتاً حاضر عدالت ہو کر جواب دعویٰ داخل کرے بصورت دیگر کارروائی یکطرفہ عمل میں لائی جائے گی اور فیصلہ سنا دیا جائے گا آج بتاریخ ہمارے دستخط و مہر عدالت سے جاری ہوا
بجے 17
جیجاسٹ
عدالت ہذا میں دعویٰ دائر کیا گیا ہے جس کی سماعت مقرر ہے مدعا علیہ کو بذریعہ اشتہار اطلاع دی جاتی ہے کہ وہ مقررہ تاریخ پر بوقت 8 بجے صبح اصالتاً یا وکالتاً حاضر عدالت ہو کر جواب دعویٰ داخل کرے بصورت دیگر کارروائی یکطرفہ عمل میں لائی جائے گی اور فیصلہ سنا دیا جائے گا آج بتاریخ ہمارے دستخط و مہر عدالت سے جاری ہوا عدالت ہذا میں دعویٰ دائر کیا گیا ہے جس کی سماعت مقرر ہے مدعا علیہ کو بذریعہ اشتہار اطلاع دی جاتی ہے کہ وہ مقررہ تاریخ پر بوقت 8 بجے صبح اصالتاً یا وکالتاً حاضر عدالت ہو کر جواب دعویٰ داخل کرے بصورت دیگر کارروائی یکطرفہ عمل میں لائی جائے گی اور فیصلہ سنا دیا جائے گا آج بتاریخ ہمارے دستخط و مہر عدالت سے جاری ہوا عدالت ہذا میں دعویٰ دائر کیا گیا ہے جس کی سماعت مقرر ہے مدعا علیہ کو بذریعہ اشتہار اطلاع دی جاتی ہے کہ وہ مقررہ تاریخ پر بوقت 8 بجے صبح اصالتاً یا وکالتاً حاضر عدالت ہو کر جواب دعویٰ داخل کرے بصورت دیگر کارروائی یکطرفہ عمل میں لائی جائے گی اور فیصلہ سنا دیا جائے گا آج بتاریخ ہمارے دستخط و مہر عدالت سے جاری ہوا عدالت ہذا میں دعویٰ دائر کیا گیا ہے جس کی سماعت مقرر ہے مدعا علیہ کو بذریعہ اشتہار اطلاع دی جاتی ہے کہ وہ مقررہ تاریخ پر بوقت 8 بجے صبح اصالتاً یا وکالتاً حاضر عدالت ہو کر جواب دعویٰ داخل کرے بصورت دیگر کارروائی یکطرفہ عمل میں لائی جائے گی اور فیصلہ سنا دیا جائے گا آج بتاریخ ہمارے دستخط و مہر عدالت سے جاری ہوا عدالت ہذا میں دعویٰ دائر کیا گیا ہے جس کی سماعت مقرر ہے مدعا علیہ کو بذریعہ اشتہار اطلاع دی جاتی ہے کہ وہ مقررہ تاریخ پر بوقت 8 بجے صبح اصالتاً یا وکالتاً حاضر عدالت ہو کر جواب دعویٰ داخل کرے بصورت دیگر کارروائی یکطرفہ عمل میں لائی جائے گی اور فیصلہ سنا دیا جائے گا آج بتاریخ ہمارے دستخط و مہر عدالت سے جاری ہوا
بجے 18
جیجاسٹ
عدالت ہذا میں دعویٰ دائر کیا گیا ہے جس کی سماعت مقرر ہے مدعا علیہ کو بذریعہ اشتہار اطلاع دی جاتی ہے کہ وہ مقررہ تاریخ پر بوقت 8 بجے صبح اصالتاً یا وکالتاً حاضر عدالت ہو کر جواب دعویٰ داخل کرے بصورت دیگر کارروائی یکطرفہ عمل میں لائی جائے گی اور فیصلہ سنا دیا جائے گا آج بتاریخ ہمارے دستخط و مہر عدالت سے جاری ہوا عدالت ہذا میں دعویٰ دائر کیا گیا ہے جس کی سماعت مقرر ہے مدعا علیہ کو بذریعہ اشتہار اطلاع دی جاتی ہے کہ وہ مقررہ تاریخ پر بوقت 8 بجے صبح اصالتاً یا وکالتاً حاضر عدالت ہو کر جواب دعویٰ داخل کرے بصورت دیگر کارروائی یکطرفہ عمل میں لائی جائے گی اور فیصلہ سنا دیا جائے گا آج بتاریخ ہمارے دستخط و مہر عدالت سے جاری ہوا عدالت ہذا میں دعویٰ دائر کیا گیا ہے جس کی سماعت مقرر ہے مدعا علیہ کو بذریعہ اشتہار اطلاع دی جاتی ہے کہ وہ مقررہ تاریخ پر بوقت 8 بجے صبح اصالتاً یا وکالتاً حاضر عدالت ہو کر جواب دعویٰ داخل کرے بصورت دیگر کارروائی یکطرفہ عمل میں لائی جائے گی اور فیصلہ سنا دیا جائے گا آج بتاریخ ہمارے دستخط و مہر عدالت سے جاری ہوا عدالت ہذا میں دعویٰ دائر کیا گیا ہے جس کی سماعت مقرر ہے مدعا علیہ کو بذریعہ اشتہار اطلاع دی جاتی ہے کہ وہ مقررہ تاریخ پر بوقت 8 بجے صبح اصالتاً یا وکالتاً حاضر عدالت ہو کر جواب دعویٰ داخل کرے بصورت دیگر کارروائی یکطرفہ عمل میں لائی جائے گی اور فیصلہ سنا دیا جائے گا آج بتاریخ ہمارے دستخط و مہر عدالت سے جاری ہوا عدالت ہذا میں دعویٰ دائر کیا گیا ہے جس کی سماعت مقرر ہے مدعا علیہ کو بذریعہ اشتہار اطلاع دی جاتی ہے کہ وہ مقررہ تاریخ پر بوقت 8 بجے صبح اصالتاً یا وکالتاً حاضر عدالت ہو کر جواب دعویٰ داخل کرے بصورت دیگر کارروائی یکطرفہ عمل میں لائی جائے گی اور فیصلہ سنا دیا جائے گا آج بتاریخ ہمارے دستخط و مہر عدالت سے جاری ہوا عدالت ہذا میں دعویٰ دائر کیا گیا ہے جس کی سماعت مقرر ہے مدعا علیہ کو بذریعہ اشتہار اطلاع دی جاتی ہے کہ وہ مقررہ تاریخ پر بوقت 8 بجے صبح اصالتاً یا وکالتاً حاضر عدالت ہو کر جواب دعویٰ داخل کرے بصورت دیگر کارروائی یکطرفہ عمل میں لائی جائے گی اور فیصلہ سنا دیا جائے گا آج بتاریخ ہمارے دستخط و مہر عدالت سے جاری ہوا
بجے 19
جیجاسٹ
عدالت ہذا میں دعویٰ دائر کیا گیا ہے جس کی سماعت مقرر ہے مدعا علیہ کو بذریعہ اشتہار اطلاع دی جاتی ہے کہ وہ مقررہ تاریخ پر بوقت 8 بجے صبح اصالتاً یا وکالتاً حاضر عدالت ہو کر جواب دعویٰ داخل کرے بصورت دیگر کارروائی یکطرفہ عمل میں لائی جائے گی اور فیصلہ سنا دیا جائے گا آج بتاریخ ہمارے دستخط و مہر عدالت سے جاری ہوا عدالت ہذا میں دعویٰ دائر کیا گیا ہے جس کی سماعت مقرر ہے مدعا علیہ کو بذریعہ اشتہار اطلاع دی جاتی ہے کہ وہ مقررہ تاریخ پر بوقت 8 بجے صبح اصالتاً یا وکالتاً حاضر عدالت ہو کر جواب دعویٰ داخل کرے بصورت دیگر کارروائی یکطرفہ عمل میں لائی جائے گی اور فیصلہ سنا دیا جائے گا آج بتاریخ ہمارے دستخط و مہر عدالت سے جاری ہوا عدالت ہذا میں دعویٰ دائر کیا گیا ہے جس کی سماعت مقرر ہے مدعا علیہ کو بذریعہ اشتہار اطلاع دی جاتی ہے کہ وہ مقررہ تاریخ پر بوقت 8 بجے صبح اصالتاً یا وکالتاً حاضر عدالت ہو کر جواب دعویٰ داخل کرے بصورت دیگر کارروائی یکطرفہ عمل میں لائی جائے گی اور فیصلہ سنا دیا جائے گا آج بتاریخ ہمارے دستخط و مہر عدالت سے جاری ہوا عدالت ہذا میں دعویٰ دائر کیا گیا ہے جس کی سماعت مقرر ہے مدعا علیہ کو بذریعہ اشتہار اطلاع دی جاتی ہے کہ وہ مقررہ تاریخ پر بوقت 8 بجے صبح اصالتاً یا وکالتاً حاضر عدالت ہو کر جواب دعویٰ داخل کرے بصورت دیگر کارروائی یکطرفہ عمل میں لائی جائے گی اور فیصلہ سنا دیا جائے گا آج بتاریخ ہمارے دستخط و مہر عدالت سے جاری ہوا عدالت ہذا میں دعویٰ دائر کیا گیا ہے جس کی سماعت مقرر ہے مدعا علیہ کو بذریعہ اشتہار اطلاع دی جاتی ہے کہ وہ مقررہ تاریخ پر بوقت 8 بجے صبح اصالتاً یا وکالتاً حاضر عدالت ہو کر جواب دعویٰ داخل کرے بصورت دیگر کارروائی یکطرفہ عمل میں لائی جائے گی اور فیصلہ سنا دیا جائے گا آج بتاریخ ہمارے دستخط و مہر عدالت سے جاری ہوا عدالت ہذا میں دعویٰ دائر کیا گیا ہے جس کی سماعت مقرر ہے مدعا علیہ کو بذریعہ اشتہار اطلاع دی جاتی ہے کہ وہ مقررہ تاریخ پر بوقت 8 بجے صبح اصالتاً یا وکالتاً حاضر عدالت ہو کر جواب دعویٰ داخل کرے بصورت دیگر کارروائی یکطرفہ عمل میں لائی جائے گی اور فیصلہ سنا دیا جائے گا آج بتاریخ ہمارے دستخط و مہر عدالت سے جاری ہوا عدالت ہذا میں دعویٰ دائر کیا گیا ہے جس کی سماعت مقرر ہے مدعا علیہ کو بذریعہ اشتہار اطلاع دی جاتی ہے کہ وہ مقررہ تاریخ پر بوقت 8 بجے صبح اصالتاً یا وکالتاً حاضر عدالت ہو کر جواب دعویٰ داخل کرے بصورت دیگر کارروائی یکطرفہ عمل میں لائی جائے گی اور فیصلہ سنا دیا جائے گا آج بتاریخ ہمارے دستخط و مہر عدالت سے جاری ہوا
بجے 20
جیجاسٹ
عدالت ہذا میں دعویٰ دائر کیا گیا ہے جس کی سماعت مقرر ہے مدعا علیہ کو بذریعہ اشتہار اطلاع دی جاتی ہے کہ وہ مقررہ تاریخ پر بوقت 8 بجے صبح اصالتاً یا وکالتاً حاضر عدالت ہو کر جواب دعویٰ داخل کرے بصورت دیگر کارروائی یکطرفہ عمل میں لائی جائے گی اور فیصلہ سنا دیا جائے گا آج بتاریخ ہمارے دستخط و مہر عدالت سے جاری ہوا عدالت ہذا میں دعویٰ دائر کیا گیا ہے جس کی سماعت مقرر ہے مدعا علیہ کو بذریعہ اشتہار اطلاع دی جاتی ہے کہ وہ مقررہ تاریخ پر بوقت 8 بجے صبح اصالتاً یا وکالتاً حاضر عدالت ہو کر جواب دعویٰ داخل کرے بصورت دیگر کارروائی یکطرفہ عمل میں لائی جائے گی اور فیصلہ سنا دیا جائے گا آج بتاریخ ہمارے دستخط و مہر عدالت سے جاری ہوا عدالت ہذا میں دعویٰ دائر کیا گیا ہے جس کی سماعت مقرر ہے مدعا علیہ کو بذریعہ اشتہار اطلاع دی جاتی ہے کہ وہ مقررہ تاریخ پر بوقت 8 بجے صبح اصالتاً یا وکالتاً حاضر عدالت ہو کر جواب دعویٰ داخل کرے بصورت دیگر کارروائی یکطرفہ عمل میں لائی جائے گی اور فیصلہ سنا دیا جائے گا آج بتاریخ ہمارے دستخط و مہر عدالت سے جاری ہوا
بجے 21
جیجاسٹ
عدالت ہذا میں دعویٰ دائر کیا گیا ہے جس کی سماعت مقرر ہے مدعا علیہ کو بذریعہ اشتہار اطلاع دی جاتی ہے کہ وہ مقررہ تاریخ پر بوقت 8 بجے صبح اصالتاً یا وکالتاً حاضر عدالت ہو کر جواب دعویٰ داخل کرے بصورت دیگر کارروائی یکطرفہ عمل میں لائی جائے گی اور فیصلہ سنا دیا جائے گا آج بتاریخ ہمارے دستخط و مہر عدالت سے جاری ہوا عدالت ہذا میں دعویٰ دائر کیا گیا ہے جس کی سماعت مقرر ہے مدعا علیہ کو بذریعہ اشتہار اطلاع دی جاتی ہے کہ وہ مقررہ تاریخ پر بوقت 8 بجے صبح اصالتاً یا وکالتاً حاضر عدالت ہو کر جواب دعویٰ داخل کرے بصورت دیگر کارروائی یکطرفہ عمل میں لائی جائے گی اور فیصلہ سنا دیا جائے گا آج بتاریخ ہمارے دستخط و مہر عدالت سے جاری ہوا عدالت ہذا میں دعویٰ دائر کیا گیا ہے جس کی سماعت مقرر ہے مدعا علیہ کو بذریعہ اشتہار اطلاع دی جاتی ہے کہ وہ مقررہ تاریخ پر بوقت 8 بجے صبح اصالتاً یا وکالتاً حاضر عدالت ہو کر جواب دعویٰ داخل کرے بصورت دیگر کارروائی یکطرفہ عمل میں لائی جائے گی اور فیصلہ سنا دیا جائے گا آج بتاریخ ہمارے دستخط و مہر عدالت سے جاری ہوا عدالت ہذا میں دعویٰ دائر کیا گیا ہے جس کی سماعت مقرر ہے مدعا علیہ کو بذریعہ اشتہار اطلاع دی جاتی ہے کہ وہ مقررہ تاریخ پر بوقت 8 بجے صبح اصالتاً یا وکالتاً حاضر عدالت ہو کر جواب دعویٰ داخل کرے بصورت دیگر کارروائی یکطرفہ عمل میں لائی جائے گی اور فیصلہ سنا دیا جائے گا آج بتاریخ ہمارے دستخط و مہر عدالت سے جاری ہوا
بجے 22
جیجاسٹ
عدالت ہذا میں دعویٰ دائر کیا گیا ہے جس کی سماعت مقرر ہے مدعا علیہ کو بذریعہ اشتہار اطلاع دی جاتی ہے کہ وہ مقررہ تاریخ پر بوقت 8 بجے صبح اصالتاً یا وکالتاً حاضر عدالت ہو کر جواب دعویٰ داخل کرے بصورت دیگر کارروائی یکطرفہ عمل میں لائی جائے گی اور فیصلہ سنا دیا جائے گا آج بتاریخ ہمارے دستخط و مہر عدالت سے جاری ہوا عدالت ہذا میں دعویٰ دائر کیا گیا ہے جس کی سماعت مقرر ہے مدعا علیہ کو بذریعہ اشتہار اطلاع دی جاتی ہے کہ وہ مقررہ تاریخ پر بوقت 8 بجے صبح اصالتاً یا وکالتاً حاضر عدالت ہو کر جواب دعویٰ داخل کرے بصورت دیگر کارروائی یکطرفہ عمل میں لائی جائے گی اور فیصلہ سنا دیا جائے گا آج بتاریخ ہمارے دستخط و مہر عدالت سے جاری ہوا عدالت ہذا میں دعویٰ دائر کیا گیا ہے جس کی سماعت مقرر ہے مدعا علیہ کو بذریعہ اشتہار اطلاع دی جاتی ہے کہ وہ مقررہ تاریخ پر بوقت 8 بجے صبح اصالتاً یا وکالتاً حاضر عدالت ہو کر جواب دعویٰ داخل کرے بصورت دیگر کارروائی یکطرفہ عمل میں لائی جائے گی اور فیصلہ سنا دیا جائے گا آج بتاریخ ہمارے دستخط و مہر عدالت سے جاری ہوا عدالت ہذا میں دعویٰ دائر کیا گیا ہے جس کی سماعت مقرر ہے مدعا علیہ کو بذریعہ اشتہار اطلاع دی جاتی ہے کہ وہ مقررہ تاریخ پر بوقت 8 بجے صبح اصالتاً یا وکالتاً حاضر عدالت ہو کر جواب دعویٰ داخل کرے بصورت دیگر کارروائی یکطرفہ عمل میں لائی جائے گی اور فیصلہ سنا دیا جائے گا آج بتاریخ ہمارے دستخط و مہر عدالت سے جاری ہوا عدالت ہذا میں دعویٰ دائر کیا گیا ہے جس کی سماعت مقرر ہے مدعا علیہ کو بذریعہ اشتہار اطلاع دی جاتی ہے کہ وہ مقررہ تاریخ پر بوقت 8 بجے صبح اصالتاً یا وکالتاً حاضر عدالت ہو کر جواب دعویٰ داخل کرے بصورت دیگر کارروائی یکطرفہ عمل میں لائی جائے گی اور فیصلہ سنا دیا جائے گا آج بتاریخ ہمارے دستخط و مہر عدالت سے جاری ہوا
بجے 23
جیجاسٹ
عدالت ہذا میں دعویٰ دائر کیا گیا ہے جس کی سماعت مقرر ہے مدعا علیہ کو بذریعہ اشتہار اطلاع دی جاتی ہے کہ وہ مقررہ تاریخ پر بوقت 8 بجے صبح اصالتاً یا وکالتاً حاضر عدالت ہو کر جواب دعویٰ داخل کرے بصورت دیگر کارروائی یکطرفہ عمل میں لائی جائے گی اور فیصلہ سنا دیا جائے گا آج بتاریخ ہمارے دستخط و مہر عدالت سے جاری ہوا عدالت ہذا میں دعویٰ دائر کیا گیا ہے جس کی سماعت مقرر ہے مدعا علیہ کو بذریعہ اشتہار اطلاع دی جاتی ہے کہ وہ مقررہ تاریخ پر بوقت 8 بجے صبح اصالتاً یا وکالتاً حاضر عدالت ہو کر جواب دعویٰ داخل کرے بصورت دیگر کارروائی یکطرفہ عمل میں لائی جائے گی اور فیصلہ سنا دیا جائے گا آج بتاریخ ہمارے دستخط و مہر عدالت سے جاری ہوا عدالت ہذا میں دعویٰ دائر کیا گیا ہے جس کی سماعت مقرر ہے مدعا علیہ کو بذریعہ اشتہار اطلاع دی جاتی ہے کہ وہ مقررہ تاریخ پر بوقت 8 بجے صبح اصالتاً یا وکالتاً حاضر عدالت ہو کر جواب دعویٰ داخل کرے بصورت دیگر کارروائی یکطرفہ عمل میں لائی جائے گی اور فیصلہ سنا دیا جائے گا آج بتاریخ ہمارے دستخط و مہر عدالت سے جاری ہوا عدالت ہذا میں دعویٰ دائر کیا گیا ہے جس کی سماعت مقرر ہے مدعا علیہ کو بذریعہ اشتہار اطلاع دی جاتی ہے کہ وہ مقررہ تاریخ پر بوقت 8 بجے صبح اصالتاً یا وکالتاً حاضر عدالت ہو کر جواب دعویٰ داخل کرے بصورت دیگر کارروائی یکطرفہ عمل میں لائی جائے گی اور فیصلہ سنا دیا جائے گا آج بتاریخ ہمارے دستخط و مہر عدالت سے جاری ہوا عدالت ہذا میں دعویٰ دائر کیا گیا ہے جس کی سماعت مقرر ہے مدعا علیہ کو بذریعہ اشتہار اطلاع دی جاتی ہے کہ وہ مقررہ تاریخ پر بوقت 8 بجے صبح اصالتاً یا وکالتاً حاضر عدالت ہو کر جواب دعویٰ داخل کرے بصورت دیگر کارروائی یکطرفہ عمل میں لائی جائے گی اور فیصلہ سنا دیا جائے گا آج بتاریخ ہمارے دستخط و مہر عدالت سے جاری ہوا عدالت ہذا میں دعویٰ دائر کیا گیا ہے جس کی سماعت مقرر ہے مدعا علیہ کو بذریعہ اشتہار اطلاع دی جاتی ہے کہ وہ مقررہ تاریخ پر بوقت 8 بجے صبح اصالتاً یا وکالتاً حاضر عدالت ہو کر جواب دعویٰ داخل کرے بصورت دیگر کارروائی یکطرفہ عمل میں لائی جائے گی اور فیصلہ سنا دیا جائے گا آج بتاریخ ہمارے دستخط و مہر عدالت سے جاری ہوا
بجے 24
جیجاسٹ
عدالت ہذا میں دعویٰ دائر کیا گیا ہے جس کی سماعت مقرر ہے مدعا علیہ کو بذریعہ اشتہار اطلاع دی جاتی ہے کہ وہ مقررہ تاریخ پر بوقت 8 بجے صبح اصالتاً یا وکالتاً حاضر عدالت ہو کر جواب دعویٰ داخل کرے بصورت دیگر کارروائی یکطرفہ عمل میں لائی جائے گی اور فیصلہ سنا دیا جائے گا آج بتاریخ ہمارے دستخط و مہر عدالت سے جاری ہوا عدالت ہذا میں دعویٰ دائر کیا گیا ہے جس کی سماعت مقرر ہے مدعا علیہ کو بذریعہ اشتہار اطلاع دی جاتی ہے کہ وہ مقررہ تاریخ پر بوقت 8 بجے صبح اصالتاً یا وکالتاً حاضر عدالت ہو کر جواب دعویٰ داخل کرے بصورت دیگر کارروائی یکطرفہ عمل میں لائی جائے گی اور فیصلہ سنا دیا جائے گا آج بتاریخ ہمارے دستخط و مہر عدالت سے جاری ہوا عدالت ہذا میں دعویٰ دائر کیا گیا ہے جس کی سماعت مقرر ہے مدعا علیہ کو بذریعہ اشتہار اطلاع دی جاتی ہے کہ وہ مقررہ تاریخ پر بوقت 8 بجے صبح اصالتاً یا وکالتاً حاضر عدالت ہو کر جواب دعویٰ داخل کرے بصورت دیگر کارروائی یکطرفہ عمل میں لائی جائے گی اور فیصلہ سنا دیا جائے گا آج بتاریخ ہمارے دستخط و مہر عدالت سے جاری ہوا عدالت ہذا میں دعویٰ دائر کیا گیا ہے جس کی سماعت مقرر ہے مدعا علیہ کو بذریعہ اشتہار اطلاع دی جاتی ہے کہ وہ مقررہ تاریخ پر بوقت 8 بجے صبح اصالتاً یا وکالتاً حاضر عدالت ہو کر جواب دعویٰ داخل کرے بصورت دیگر کارروائی یکطرفہ عمل میں لائی جائے گی اور فیصلہ سنا دیا جائے گا آج بتاریخ ہمارے دستخط و مہر عدالت سے جاری ہوا عدالت ہذا میں دعویٰ دائر کیا گیا ہے جس کی سماعت مقرر ہے مدعا علیہ کو بذریعہ اشتہار اطلاع دی جاتی ہے کہ وہ مقررہ تاریخ پر بوقت 8 بجے صبح اصالتاً یا وکالتاً حاضر عدالت ہو کر جواب دعویٰ داخل کرے بصورت دیگر کارروائی یکطرفہ عمل میں لائی جائے گی اور فیصلہ سنا دیا جائے گا آج بتاریخ ہمارے دستخط و مہر عدالت سے جاری ہوا عدالت ہذا میں دعویٰ دائر کیا گیا ہے جس کی سماعت مقرر ہے مدعا علیہ کو بذریعہ اشتہار اطلاع دی جاتی ہے کہ وہ مقررہ تاریخ پر بوقت 8 بجے صبح اصالتاً یا وکالتاً حاضر عدالت ہو کر جواب دعویٰ داخل کرے بصورت دیگر کارروائی یکطرفہ عمل میں لائی جائے گی اور فیصلہ سنا دیا جائے گا آج بتاریخ ہمارے دستخط و مہر عدالت سے جاری ہوا عدالت ہذا میں دعویٰ دائر کیا گیا ہے جس کی سماعت مقرر ہے مدعا علیہ کو بذریعہ اشتہار اطلاع دی جاتی ہے کہ وہ مقررہ تاریخ پر بوقت 8 بجے صبح اصالتاً یا وکالتاً حاضر عدالت ہو کر جواب دعویٰ داخل کرے بصورت دیگر کارروائی یکطرفہ عمل میں لائی جائے گی اور فیصلہ سنا دیا جائے گا آج بتاریخ ہمارے دستخط و مہر عدالت سے جاری ہوا
بجے 25
جیجاسٹ
عدالت ہذا میں دعویٰ دائر کیا گیا ہے جس کی سماعت مقرر ہے مدعا علیہ کو بذریعہ اشتہار اطلاع دی جاتی ہے کہ وہ مقررہ تاریخ پر بوقت 8 بجے صبح اصالتاً یا وکالتاً حاضر عدالت ہو کر جواب دعویٰ داخل کرے بصورت دیگر کارروائی یکطرفہ عمل میں لائی جائے گی اور فیصلہ سنا دیا جائے گا آج بتاریخ ہمارے دستخط و مہر عدالت سے جاری ہوا عدالت ہذا میں دعویٰ دائر کیا گیا ہے جس کی سماعت مقرر ہے مدعا علیہ کو بذریعہ اشتہار اطلاع دی جاتی ہے کہ وہ مقررہ تاریخ پر بوقت 8 بجے صبح اصالتاً یا وکالتاً حاضر عدالت ہو کر جواب دعویٰ داخل کرے بصورت دیگر کارروائی یکطرفہ عمل میں لائی جائے گی اور فیصلہ سنا دیا جائے گا آج بتاریخ ہمارے دستخط و مہر عدالت سے جاری ہوا عدالت ہذا میں دعویٰ دائر کیا گیا ہے جس کی سماعت مقرر ہے مدعا علیہ کو بذریعہ اشتہار اطلاع دی جاتی ہے کہ وہ مقررہ تاریخ پر بوقت 8 بجے صبح اصالتاً یا وکالتاً حاضر عدالت ہو کر جواب دعویٰ داخل کرے بصورت دیگر کارروائی یکطرفہ عمل میں لائی جائے گی اور فیصلہ سنا دیا جائے گا آج بتاریخ ہمارے دستخط و مہر عدالت سے جاری ہوا
بجے 26
جیجاسٹ
عدالت ہذا میں دعویٰ دائر کیا گیا ہے جس کی سماعت مقرر ہے مدعا علیہ کو بذریعہ اشتہار اطلاع دی جاتی ہے کہ وہ مقررہ تاریخ پر بوقت 8 بجے صبح اصالتاً یا وکالتاً حاضر عدالت ہو کر جواب دعویٰ داخل کرے بصورت دیگر کارروائی یکطرفہ عمل میں لائی جائے گی اور فیصلہ سنا دیا جائے گا آج بتاریخ ہمارے دستخط و مہر عدالت سے جاری ہوا عدالت ہذا میں دعویٰ دائر کیا گیا ہے جس کی سماعت مقرر ہے مدعا علیہ کو بذریعہ اشتہار اطلاع دی جاتی ہے کہ وہ مقررہ تاریخ پر بوقت 8 بجے صبح اصالتاً یا وکالتاً حاضر عدالت ہو کر جواب دعویٰ داخل کرے بصورت دیگر کارروائی یکطرفہ عمل میں لائی جائے گی اور فیصلہ سنا دیا جائے گا آج بتاریخ ہمارے دستخط و مہر عدالت سے جاری ہوا عدالت ہذا میں دعویٰ دائر کیا گیا ہے جس کی سماعت مقرر ہے مدعا علیہ کو بذریعہ اشتہار اطلاع دی جاتی ہے کہ وہ مقررہ تاریخ پر بوقت 8 بجے صبح اصالتاً یا وکالتاً حاضر عدالت ہو کر جواب دعویٰ داخل کرے بصورت دیگر کارروائی یکطرفہ عمل میں لائی جائے گی اور فیصلہ سنا دیا جائے گا آج بتاریخ ہمارے دستخط و مہر عدالت سے جاری ہوا عدالت ہذا میں دعویٰ دائر کیا گیا ہے جس کی سماعت مقرر ہے مدعا علیہ کو بذریعہ اشتہار اطلاع دی جاتی ہے کہ وہ مقررہ تاریخ پر بوقت 8 بجے صبح اصالتاً یا وکالتاً حاضر عدالت ہو کر جواب دعویٰ داخل کرے بصورت دیگر کارروائی یکطرفہ عمل میں لائی جائے گی اور فیصلہ سنا دیا جائے گا آج بتاریخ ہمارے دستخط و مہر عدالت سے جاری ہوا
بجے 27
جیجاسٹ
عدالت ہذا میں دعویٰ دائر کیا گیا ہے جس کی سماعت مقرر ہے مدعا علیہ کو بذریعہ اشتہار اطلاع دی جاتی ہے کہ وہ مقررہ تاریخ پر بوقت 8 بجے صبح اصالتاً یا وکالتاً حاضر عدالت ہو کر جواب دعویٰ داخل کرے بصورت دیگر کارروائی یکطرفہ عمل میں لائی جائے گی اور فیصلہ سنا دیا جائے گا آج بتاریخ ہمارے دستخط و مہر عدالت سے جاری ہوا عدالت ہذا میں دعویٰ دائر کیا گیا ہے جس کی سماعت مقرر ہے مدعا علیہ کو بذریعہ اشتہار اطلاع دی جاتی ہے کہ وہ مقررہ تاریخ پر بوقت 8 بجے صبح اصالتاً یا وکالتاً حاضر عدالت ہو کر جواب دعویٰ داخل کرے بصورت دیگر کارروائی یکطرفہ عمل میں لائی جائے گی اور فیصلہ سنا دیا جائے گا آج بتاریخ ہمارے دستخط و مہر عدالت سے جاری ہوا عدالت ہذا میں دعویٰ دائر کیا گیا ہے جس کی سماعت مقرر ہے مدعا علیہ کو بذریعہ اشتہار اطلاع دی جاتی ہے کہ وہ مقررہ تاریخ پر بوقت 8 بجے صبح اصالتاً یا وکالتاً حاضر عدالت ہو کر جواب دعویٰ داخل کرے بصورت دیگر کارروائی یکطرفہ عمل میں لائی جائے گی اور فیصلہ سنا دیا جائے گا آج بتاریخ ہمارے دستخط و مہر عدالت سے جاری ہوا عدالت ہذا میں دعویٰ دائر کیا گیا ہے جس کی سماعت مقرر ہے مدعا علیہ کو بذریعہ اشتہار اطلاع دی جاتی ہے کہ وہ مقررہ تاریخ پر بوقت 8 بجے صبح اصالتاً یا وکالتاً حاضر عدالت ہو کر جواب دعویٰ داخل کرے بصورت دیگر کارروائی یکطرفہ عمل میں لائی جائے گی اور فیصلہ سنا دیا جائے گا آج بتاریخ ہمارے دستخط و مہر عدالت سے جاری ہوا عدالت ہذا میں دعویٰ دائر کیا گیا ہے جس کی سماعت مقرر ہے مدعا علیہ کو بذریعہ اشتہار اطلاع دی جاتی ہے کہ وہ مقررہ تاریخ پر بوقت 8 بجے صبح اصالتاً یا وکالتاً حاضر عدالت ہو کر جواب دعویٰ داخل کرے بصورت دیگر کارروائی یکطرفہ عمل میں لائی جائے گی اور فیصلہ سنا دیا جائے گا آج بتاریخ ہمارے دستخط و مہر عدالت سے جاری ہوا
بجے 28
جیجاسٹ
عدالت ہذا میں دعویٰ دائر کیا گیا ہے جس کی سماعت مقرر ہے مدعا علیہ کو بذریعہ اشتہار اطلاع دی جاتی ہے کہ وہ مقررہ تاریخ پر بوقت 8 بجے صبح اصالتاً یا وکالتاً حاضر عدالت ہو کر جواب دعویٰ داخل کرے بصورت دیگر کارروائی یکطرفہ عمل میں لائی جائے گی اور فیصلہ سنا دیا جائے گا آج بتاریخ ہمارے دستخط و مہر عدالت سے جاری ہوا عدالت ہذا میں دعویٰ دائر کیا گیا ہے جس کی سماعت مقرر ہے مدعا علیہ کو بذریعہ اشتہار اطلاع دی جاتی ہے کہ وہ مقررہ تاریخ پر بوقت 8 بجے صبح اصالتاً یا وکالتاً حاضر عدالت ہو کر جواب دعویٰ داخل کرے بصورت دیگر کارروائی یکطرفہ عمل میں لائی جائے گی اور فیصلہ سنا دیا جائے گا آج بتاریخ ہمارے دستخط و مہر عدالت سے جاری ہوا عدالت ہذا میں دعویٰ دائر کیا گیا ہے جس کی سماعت مقرر ہے مدعا علیہ کو بذریعہ اشتہار اطلاع دی جاتی ہے کہ وہ مقررہ تاریخ پر بوقت 8 بجے صبح اصالتاً یا وکالتاً حاضر عدالت ہو کر جواب دعویٰ داخل کرے بصورت دیگر کارروائی یکطرفہ عمل میں لائی جائے گی اور فیصلہ سنا دیا جائے گا آج بتاریخ ہمارے دستخط و مہر عدالت سے جاری ہوا عدالت ہذا میں دعویٰ دائر کیا گیا ہے جس کی سماعت مقرر ہے مدعا علیہ کو بذریعہ اشتہار اطلاع دی جاتی ہے کہ وہ مقررہ تاریخ پر بوقت 8 بجے صبح اصالتاً یا وکالتاً حاضر عدالت ہو کر جواب دعویٰ داخل کرے بصورت دیگر کارروائی یکطرفہ عمل میں لائی جائے گی اور فیصلہ سنا دیا جائے گا آج بتاریخ ہمارے دستخط و مہر عدالت سے جاری ہوا عدالت ہذا میں دعویٰ دائر کیا گیا ہے جس کی سماعت مقرر ہے مدعا علیہ کو بذریعہ اشتہار اطلاع دی جاتی ہے کہ وہ مقررہ تاریخ پر بوقت 8 بجے صبح اصالتاً یا وکالتاً حاضر عدالت ہو کر جواب دعویٰ داخل کرے بصورت دیگر کارروائی یکطرفہ عمل میں لائی جائے گی اور فیصلہ سنا دیا جائے گا آج بتاریخ ہمارے دستخط و مہر عدالت سے جاری ہوا عدالت ہذا میں دعویٰ دائر کیا گیا ہے جس کی سماعت مقرر ہے مدعا علیہ کو بذریعہ اشتہار اطلاع دی جاتی ہے کہ وہ مقررہ تاریخ پر بوقت 8 بجے صبح اصالتاً یا وکالتاً حاضر عدالت ہو کر جواب دعویٰ داخل کرے بصورت دیگر کارروائی یکطرفہ عمل میں لائی جائے گی اور فیصلہ سنا دیا جائے گا آج بتاریخ ہمارے دستخط و مہر عدالت سے جاری ہوا
بجے 29
جیجاسٹ
عدالت ہذا میں دعویٰ دائر کیا گیا ہے جس کی سماعت مقرر ہے مدعا علیہ کو بذریعہ اشتہار اطلاع دی جاتی ہے کہ وہ مقررہ تاریخ پر بوقت 8 بجے صبح اصالتاً یا وکالتاً حاضر عدالت ہو کر جواب دعویٰ داخل کرے بصورت دیگر کارروائی یکطرفہ عمل میں لائی جائے گی اور فیصلہ سنا دیا جائے گا آج بتاریخ ہمارے دستخط و مہر عدالت سے جاری ہوا عدالت ہذا میں دعویٰ دائر کیا گیا ہے جس کی سماعت مقرر ہے مدعا علیہ کو بذریعہ اشتہار اطلاع دی جاتی ہے کہ وہ مقررہ تاریخ پر بوقت 8 بجے صبح اصالتاً یا وکالتاً حاضر عدالت ہو کر جواب دعویٰ داخل کرے بصورت دیگر کارروائی یکطرفہ عمل میں لائی جائے گی اور فیصلہ سنا دیا جائے گا آج بتاریخ ہمارے دستخط و مہر عدالت سے جاری ہوا عدالت ہذا میں دعویٰ دائر کیا گیا ہے جس کی سماعت مقرر ہے مدعا علیہ کو بذریعہ اشتہار اطلاع دی جاتی ہے کہ وہ مقررہ تاریخ پر بوقت 8 بجے صبح اصالتاً یا وکالتاً حاضر عدالت ہو کر جواب دعویٰ داخل کرے بصورت دیگر کارروائی یکطرفہ عمل میں لائی جائے گی اور فیصلہ سنا دیا جائے گا آج بتاریخ ہمارے دستخط و مہر عدالت سے جاری ہوا عدالت ہذا میں دعویٰ دائر کیا گیا ہے جس کی سماعت مقرر ہے مدعا علیہ کو بذریعہ اشتہار اطلاع دی جاتی ہے کہ وہ مقررہ تاریخ پر بوقت 8 بجے صبح اصالتاً یا وکالتاً حاضر عدالت ہو کر جواب دعویٰ داخل کرے بصورت دیگر کارروائی یکطرفہ عمل میں لائی جائے گی اور فیصلہ سنا دیا جائے گا آج بتاریخ ہمارے دستخط و مہر عدالت سے جاری ہوا عدالت ہذا میں دعویٰ دائر کیا گیا ہے جس کی سماعت مقرر ہے مدعا علیہ کو بذریعہ اشتہار اطلاع دی جاتی ہے کہ وہ مقررہ تاریخ پر بوقت 8 بجے صبح اصالتاً یا وکالتاً حاضر عدالت ہو کر جواب دعویٰ داخل کرے بصورت دیگر کارروائی یکطرفہ عمل میں لائی جائے گی اور فیصلہ سنا دیا جائے گا آج بتاریخ ہمارے دستخط و مہر عدالت سے جاری ہوا عدالت ہذا میں دعویٰ دائر کیا گیا ہے جس کی سماعت مقرر ہے مدعا علیہ کو بذریعہ اشتہار اطلاع دی جاتی ہے کہ وہ مقررہ تاریخ پر بوقت 8 بجے صبح اصالتاً یا وکالتاً حاضر عدالت ہو کر جواب دعویٰ داخل کرے بصورت دیگر کارروائی یکطرفہ عمل میں لائی جائے گی اور فیصلہ سنا دیا جائے گا آج بتاریخ ہمارے دستخط و مہر عدالت سے جاری ہوا عدالت ہذا میں دعویٰ دائر کیا گیا ہے جس کی سماعت مقرر ہے مدعا علیہ کو بذریعہ اشتہار اطلاع دی جاتی ہے کہ وہ مقررہ تاریخ پر بوقت 8 بجے صبح اصالتاً یا وکالتاً حاضر عدالت ہو کر جواب دعویٰ داخل کرے بصورت دیگر کارروائی یکطرفہ عمل میں لائی جائے گی اور فیصلہ سنا دیا جائے گا آج بتاریخ ہمارے دستخط و مہر عدالت سے جاری ہوا
بجے 30
جیجاسٹ
عدالت ہذا میں دعویٰ دائر کیا گیا ہے جس کی سماعت مقرر ہے مدعا علیہ کو بذریعہ اشتہار اطلاع دی جاتی ہے کہ وہ مقررہ تاریخ پر بوقت 8 بجے صبح اصالتاً یا وکالتاً حاضر عدالت ہو کر جواب دعویٰ داخل کرے بصورت دیگر کارروائی یکطرفہ عمل میں لائی جائے گی اور فیصلہ سنا دیا جائے گا آج بتاریخ ہمارے دستخط و مہر عدالت سے جاری ہوا عدالت ہذا میں دعویٰ دائر کیا گیا ہے جس کی سماعت مقرر ہے مدعا علیہ کو بذریعہ اشتہار اطلاع دی جاتی ہے کہ وہ مقررہ تاریخ پر بوقت 8 بجے صبح اصالتاً یا وکالتاً حاضر عدالت ہو کر جواب دعویٰ داخل کرے بصورت دیگر کارروائی یکطرفہ عمل میں لائی جائے گی اور فیصلہ سنا دیا جائے گا آج بتاریخ ہمارے دستخط و مہر عدالت سے جاری ہوا عدالت ہذا میں دعویٰ دائر کیا گیا ہے جس کی سماعت مقرر ہے مدعا علیہ کو بذریعہ اشتہار اطلاع دی جاتی ہے کہ وہ مقررہ تاریخ پر بوقت 8 بجے صبح اصالتاً یا وکالتاً حاضر عدالت ہو کر جواب دعویٰ داخل کرے بصورت دیگر کارروائی یکطرفہ عمل میں لائی جائے گی اور فیصلہ سنا دیا جائے گا آج بتاریخ ہمارے دستخط و مہر عدالت سے جاری ہوا
بجے 31
جیجاسٹ
عدالت ہذا میں دعویٰ دائر کیا گیا ہے جس کی سماعت مقرر ہے مدعا علیہ کو بذریعہ اشتہار اطلاع دی جاتی ہے کہ وہ مقررہ تاریخ پر بوقت 8 بجے صبح اصالتاً یا وکالتاً حاضر عدالت ہو کر جواب دعویٰ داخل کرے بصورت دیگر کارروائی یکطرفہ عمل میں لائی جائے گی اور فیصلہ سنا دیا جائے گا آج بتاریخ ہمارے دستخط و مہر عدالت سے جاری ہوا عدالت ہذا میں دعویٰ دائر کیا گیا ہے جس کی سماعت مقرر ہے مدعا علیہ کو بذریعہ اشتہار اطلاع دی جاتی ہے کہ وہ مقررہ تاریخ پر بوقت 8 بجے صبح اصالتاً یا وکالتاً حاضر عدالت ہو کر جواب دعویٰ داخل کرے بصورت دیگر کارروائی یکطرفہ عمل میں لائی جائے گی اور فیصلہ سنا دیا جائے گا آج بتاریخ ہمارے دستخط و مہر عدالت سے جاری ہوا عدالت ہذا میں دعویٰ دائر کیا گیا ہے جس کی سماعت مقرر ہے مدعا علیہ کو بذریعہ اشتہار اطلاع دی جاتی ہے کہ وہ مقررہ تاریخ پر بوقت 8 بجے صبح اصالتاً یا وکالتاً حاضر عدالت ہو کر جواب دعویٰ داخل کرے بصورت دیگر کارروائی یکطرفہ عمل میں لائی جائے گی اور فیصلہ سنا دیا جائے گا آج بتاریخ ہمارے دستخط و مہر عدالت سے جاری ہوا عدالت ہذا میں دعویٰ دائر کیا گیا ہے جس کی سماعت مقرر ہے مدعا علیہ کو بذریعہ اشتہار اطلاع دی جاتی ہے کہ وہ مقررہ تاریخ پر بوقت 8 بجے صبح اصالتاً یا وکالتاً حاضر عدالت ہو کر جواب دعویٰ داخل کرے بصورت دیگر کارروائی یکطرفہ عمل میں لائی جائے گی اور فیصلہ سنا دیا جائے گا آج بتاریخ ہمارے دستخط و مہر عدالت سے جاری ہوا
بجے 32
جیجاسٹ
عدالت ہذا میں دعویٰ دائر کیا گیا ہے جس کی سماعت مقرر ہے مدعا علیہ کو بذریعہ اشتہار اطلاع دی جاتی ہے کہ وہ مقررہ تاریخ پر بوقت 8 بجے صبح اصالتاً یا وکالتاً حاضر عدالت ہو کر جواب دعویٰ داخل کرے بصورت دیگر کارروائی یکطرفہ عمل میں لائی جائے گی اور فیصلہ سنا دیا جائے گا آج بتاریخ ہمارے دستخط و مہر عدالت سے جاری ہوا عدالت ہذا میں دعویٰ دائر کیا گیا ہے جس کی سماعت مقرر ہے مدعا علیہ کو بذریعہ اشتہار اطلاع دی جاتی ہے کہ وہ مقررہ تاریخ پر بوقت 8 بجے صبح اصالتاً یا وکالتاً حاضر عدالت ہو کر جواب دعویٰ داخل کرے بصورت دیگر کارروائی یکطرفہ عمل میں لائی جائے گی اور فیصلہ سنا دیا جائے گا آج بتاریخ ہمارے دستخط و مہر عدالت سے جاری ہوا عدالت ہذا میں دعویٰ دائر کیا گیا ہے جس کی سماعت مقرر ہے مدعا علیہ کو بذریعہ اشتہار اطلاع دی جاتی ہے کہ وہ مقررہ تاریخ پر بوقت 8 بجے صبح اصالتاً یا وکالتاً حاضر عدالت ہو کر جواب دعویٰ داخل کرے بصورت دیگر کارروائی یکطرفہ عمل میں لائی جائے گی اور فیصلہ سنا دیا جائے گا آج بتاریخ ہمارے دستخط و مہر عدالت سے جاری ہوا عدالت ہذا میں دعویٰ دائر کیا گیا ہے جس کی سماعت مقرر ہے مدعا علیہ کو بذریعہ اشتہار اطلاع دی جاتی ہے کہ وہ مقررہ تاریخ پر بوقت 8 بجے صبح اصالتاً یا وکالتاً حاضر عدالت ہو کر جواب دعویٰ داخل کرے بصورت دیگر کارروائی یکطرفہ عمل میں لائی جائے گی اور فیصلہ سنا دیا جائے گا آج بتاریخ ہمارے دستخط و مہر عدالت سے جاری ہوا عدالت ہذا میں دعویٰ دائر کیا گیا ہے جس کی سماعت مقرر ہے مدعا علیہ کو بذریعہ اشتہار اطلاع دی جاتی ہے کہ وہ مقررہ تاریخ پر بوقت 8 بجے صبح اصالتاً یا وکالتاً حاضر عدالت ہو کر جواب دعویٰ داخل کرے بصورت دیگر کارروائی یکطرفہ عمل میں لائی جائے گی اور فیصلہ سنا دیا جائے گا آج بتاریخ ہمارے دستخط و مہر عدالت سے جاری ہوا
بجے 33
جیجاسٹ
عدالت ہذا میں دعویٰ دائر کیا گیا ہے جس کی سماعت مقرر ہے مدعا علیہ کو بذریعہ اشتہار اطلاع دی جاتی ہے کہ وہ مقررہ تاریخ پر بوقت 8 بجے صبح اصالتاً یا وکالتاً حاضر عدالت ہو کر جواب دعویٰ داخل کرے بصورت دیگر کارروائی یکطرفہ عمل میں لائی جائے گی اور فیصلہ سنا دیا جائے گا آج بتاریخ ہمارے دستخط و مہر عدالت سے جاری ہوا عدالت ہذا میں دعویٰ دائر کیا گیا ہے جس کی سماعت مقرر ہے مدعا علیہ کو بذریعہ اشتہار اطلاع دی جاتی ہے کہ وہ مقررہ تاریخ پر بوقت 8 بجے صبح اصالتاً یا وکالتاً حاضر عدالت ہو کر جواب دعویٰ داخل کرے بصورت دیگر کارروائی یکطرفہ عمل میں لائی جائے گی اور فیصلہ سنا دیا جائے گا آج بتاریخ ہمارے دستخط و مہر عدالت سے جاری ہوا عدالت ہذا میں دعویٰ دائر کیا گیا ہے جس کی سماعت مقرر ہے مدعا علیہ کو بذریعہ اشتہار اطلاع دی جاتی ہے کہ وہ مقررہ تاریخ پر بوقت 8 بجے صبح اصالتاً یا وکالتاً حاضر عدالت ہو کر جواب دعویٰ داخل کرے بصورت دیگر کارروائی یکطرفہ عمل میں لائی جائے گی اور فیصلہ سنا دیا جائے گا آج بتاریخ ہمارے دستخط و مہر عدالت سے جاری ہوا عدالت ہذا میں دعویٰ دائر کیا گیا ہے جس کی سماعت مقرر ہے مدعا علیہ کو بذریعہ اشتہار اطلاع دی جاتی ہے کہ وہ مقررہ تاریخ پر بوقت 8 بجے صبح اصالتاً یا وکالتاً حاضر عدالت ہو کر جواب دعویٰ داخل کرے بصورت دیگر کارروائی یکطرفہ عمل میں لائی جائے گی اور فیصلہ سنا دیا جائے گا آج بتاریخ ہمارے دستخط و مہر عدالت سے جاری ہوا عدالت ہذا میں دعویٰ دائر کیا گیا ہے جس کی سماعت مقرر ہے مدعا علیہ کو بذریعہ اشتہار اطلاع دی جاتی ہے کہ وہ مقررہ تاریخ پر بوقت 8 بجے صبح اصالتاً یا وکالتاً حاضر عدالت ہو کر جواب دعویٰ داخل کرے بصورت دیگر کارروائی یکطرفہ عمل میں لائی جائے گی اور فیصلہ سنا دیا جائے گا آج بتاریخ ہمارے دستخط و مہر عدالت سے جاری ہوا عدالت ہذا میں دعویٰ دائر کیا گیا ہے جس کی سماعت مقرر ہے مدعا علیہ کو بذریعہ اشتہار اطلاع دی جاتی ہے کہ وہ مقررہ تاریخ پر بوقت 8 بجے صبح اصالتاً یا وکالتاً حاضر عدالت ہو کر جواب دعویٰ داخل کرے بصورت دیگر کارروائی یکطرفہ عمل میں لائی جائے گی اور فیصلہ سنا دیا جائے گا آج بتاریخ ہمارے دستخط و مہر عدالت سے جاری ہوا
بجے 34
جیجاسٹ
عدالت ہذا میں دعویٰ دائر کیا گیا ہے جس کی سماعت مقرر ہے مدعا علیہ کو بذریعہ اشتہار اطلاع دی جاتی ہے کہ وہ مقررہ تاریخ پر بوقت 8 بجے صبح اصالتاً یا وکالتاً حاضر عدالت ہو کر جواب دعویٰ داخل کرے بصورت دیگر کارروائی یکطرفہ عمل میں لائی جائے گی اور فیصلہ سنا دیا جائے گا آج بتاریخ ہمارے دستخط و مہر عدالت سے جاری ہوا عدالت ہذا میں دعویٰ دائر کیا گیا ہے جس کی سماعت مقرر ہے مدعا علیہ کو بذریعہ اشتہار اطلاع دی جاتی ہے کہ وہ مقررہ تاریخ پر بوقت 8 بجے صبح اصالتاً یا وکالتاً حاضر عدالت ہو کر جواب دعویٰ داخل کرے بصورت دیگر کارروائی یکطرفہ عمل میں لائی جائے گی اور فیصلہ سنا دیا جائے گا آج بتاریخ ہمارے دستخط و مہر عدالت سے جاری ہوا عدالت ہذا میں دعویٰ دائر کیا گیا ہے جس کی سماعت مقرر ہے مدعا علیہ کو بذریعہ اشتہار اطلاع دی جاتی ہے کہ وہ مقررہ تاریخ پر بوقت 8 بجے صبح اصالتاً یا وکالتاً حاضر عدالت ہو کر جواب دعویٰ داخل کرے بصورت دیگر کارروائی یکطرفہ عمل میں لائی جائے گی اور فیصلہ سنا دیا جائے گا آج بتاریخ ہمارے دستخط و مہر عدالت سے جاری ہوا عدالت ہذا میں دعویٰ دائر کیا گیا ہے جس کی سماعت مقرر ہے مدعا علیہ کو بذریعہ اشتہار اطلاع دی جاتی ہے کہ وہ مقررہ تاریخ پر بوقت 8 بجے صبح اصالتاً یا وکالتاً حاضر عدالت ہو کر جواب دعویٰ داخل کرے بصورت دیگر کارروائی یکطرفہ عمل میں لائی جائے گی اور فیصلہ سنا دیا جائے گا آج بتاریخ ہمارے دستخط و مہر عدالت سے جاری ہوا عدالت ہذا میں دعویٰ دائر کیا گیا ہے جس کی سماعت مقرر ہے مدعا علیہ کو بذریعہ اشتہار اطلاع دی جاتی ہے کہ وہ مقررہ تاریخ پر بوقت 8 بجے صبح اصالتاً یا وکالتاً حاضر عدالت ہو کر جواب دعویٰ داخل کرے بصورت دیگر کارروائی یکطرفہ عمل میں لائی جائے گی اور فیصلہ سنا دیا جائے گا آج بتاریخ ہمارے دستخط و مہر عدالت سے جاری ہوا عدالت ہذا میں دعویٰ دائر کیا گیا ہے جس کی سماعت مقرر ہے مدعا علیہ کو بذریعہ اشتہار اطلاع دی جاتی ہے کہ وہ مقررہ تاریخ پر بوقت 8 بجے صبح اصالتاً یا وکالتاً حاضر عدالت ہو کر جواب دعویٰ داخل کرے بصورت دیگر کارروائی یکطرفہ عمل میں لائی جائے گی اور فیصلہ سنا دیا جائے گا آج بتاریخ ہمارے دستخط و مہر عدالت سے جاری ہوا عدالت ہذا میں دعویٰ دائر کیا گیا ہے جس کی سماعت مقرر ہے مدعا علیہ کو بذریعہ اشتہار اطلاع دی جاتی ہے کہ وہ مقررہ تاریخ پر بوقت 8 بجے صبح اصالتاً یا وکالتاً حاضر عدالت ہو کر جواب دعویٰ داخل کرے بصورت دیگر کارروائی یکطرفہ عمل میں لائی جائے گی اور فیصلہ سنا دیا جائے گا آج بتاریخ ہمارے دستخط و مہر عدالت سے جاری ہوا
بجے 35
جیجاسٹ
عدالت ہذا میں دعویٰ دائر کیا گیا ہے جس کی سماعت مقرر ہے مدعا علیہ کو بذریعہ اشتہار اطلاع دی جاتی ہے کہ وہ مقررہ تاریخ پر بوقت 8 بجے صبح اصالتاً یا وکالتاً حاضر عدالت ہو کر جواب دعویٰ داخل کرے بصورت دیگر کارروائی یکطرفہ عمل میں لائی جائے گی اور فیصلہ سنا دیا جائے گا آج بتاریخ ہمارے دستخط و مہر عدالت سے جاری ہوا عدالت ہذا میں دعویٰ دائر کیا گیا ہے جس کی سماعت مقرر ہے مدعا علیہ کو بذریعہ اشتہار اطلاع دی جاتی ہے کہ وہ مقررہ تاریخ پر بوقت 8 بجے صبح اصالتاً یا وکالتاً حاضر عدالت ہو کر جواب دعویٰ داخل کرے بصورت دیگر کارروائی یکطرفہ عمل میں لائی جائے گی اور فیصلہ سنا دیا جائے گا آج بتاریخ ہمارے دستخط و مہر عدالت سے جاری ہوا عدالت ہذا میں دعویٰ دائر کیا گیا ہے جس کی سماعت مقرر ہے مدعا علیہ کو بذریعہ اشتہار اطلاع دی جاتی ہے کہ وہ مقررہ تاریخ پر بوقت 8 بجے صبح اصالتاً یا وکالتاً حاضر عدالت ہو کر جواب دعویٰ داخل کرے بصورت دیگر کارروائی یکطرفہ عمل میں لائی جائے گی اور فیصلہ سنا دیا جائے گا آج بتاریخ ہمارے دستخط و مہر عدالت سے جاری ہوا
بجے 36
جیجاسٹ
عدالت ہذا میں دعویٰ دائر کیا گیا ہے جس کی سماعت مقرر ہے مدعا علیہ کو بذریعہ اشتہار اطلاع دی جاتی ہے کہ وہ مقررہ تاریخ پر بوقت 8 بجے صبح اصالتاً یا وکالتاً حاضر عدالت ہو کر جواب دعویٰ داخل کرے بصورت دیگر کارروائی یکطرفہ عمل میں لائی جائے گی اور فیصلہ سنا دیا جائے گا آج بتاریخ ہمارے دستخط و مہر عدالت سے جاری ہوا عدالت ہذا میں دعویٰ دائر کیا گیا ہے جس کی سماعت مقرر ہے مدعا علیہ کو بذریعہ اشتہار اطلاع دی جاتی ہے کہ وہ مقررہ تاریخ پر بوقت 8 بجے صبح اصالتاً یا وکالتاً حاضر عدالت ہو کر جواب دعویٰ داخل کرے بصورت دیگر کارروائی یکطرفہ عمل میں لائی جائے گی اور فیصلہ سنا دیا جائے گا آج بتاریخ ہمارے دستخط و مہر عدالت سے جاری ہوا عدالت ہذا میں دعویٰ دائر کیا گیا ہے جس کی سماعت مقرر ہے مدعا علیہ کو بذریعہ اشتہار اطلاع دی جاتی ہے کہ وہ مقررہ تاریخ پر بوقت 8 بجے صبح اصالتاً یا وکالتاً حاضر عدالت ہو کر جواب دعویٰ داخل کرے بصورت دیگر کارروائی یکطرفہ عمل میں لائی جائے گی اور فیصلہ سنا دیا جائے گا آج بتاریخ ہمارے دستخط و مہر عدالت سے جاری ہوا عدالت ہذا میں دعویٰ دائر کیا گیا ہے جس کی سماعت مقرر ہے مدعا علیہ کو بذریعہ اشتہار اطلاع دی جاتی ہے کہ وہ مقررہ تاریخ پر بوقت 8 بجے صبح اصالتاً یا وکالتاً حاضر عدالت ہو کر جواب دعویٰ داخل کرے بصورت دیگر کارروائی یکطرفہ عمل میں لائی جائے گی اور فیصلہ سنا دیا جائے گا آج بتاریخ ہمارے دستخط و مہر عدالت سے جاری ہوا
بجے 37
جیجاسٹ
عدالت ہذا میں دعویٰ دائر کیا گیا ہے جس کی سماعت مقرر ہے مدعا علیہ کو بذریعہ اشتہار اطلاع دی جاتی ہے کہ وہ مقررہ تاریخ پر بوقت 8 بجے صبح اصالتاً یا وکالتاً حاضر عدالت ہو کر جواب دعویٰ داخل کرے بصورت دیگر کارروائی یکطرفہ عمل میں لائی جائے گی اور فیصلہ سنا دیا جائے گا آج بتاریخ ہمارے دستخط و مہر عدالت سے جاری ہوا عدالت ہذا میں دعویٰ دائر کیا گیا ہے جس کی سماعت مقرر ہے مدعا علیہ کو بذریعہ اشتہار اطلاع دی جاتی ہے کہ وہ مقررہ تاریخ پر بوقت 8 بجے صبح اصالتاً یا وکالتاً حاضر عدالت ہو کر جواب دعویٰ داخل کرے بصورت دیگر کارروائی یکطرفہ عمل میں لائی جائے گی اور فیصلہ سنا دیا جائے گا آج بتاریخ ہمارے دستخط و مہر عدالت سے جاری ہوا عدالت ہذا میں دعویٰ دائر کیا گیا ہے جس کی سماعت مقرر ہے مدعا علیہ کو بذریعہ اشتہار اطلاع دی جاتی ہے کہ وہ مقررہ تاریخ پر بوقت 8 بجے صبح اصالتاً یا وکالتاً حاضر عدالت ہو کر جواب دعویٰ داخل کرے بصورت دیگر کارروائی یکطرفہ عمل میں لائی جائے گی اور فیصلہ سنا دیا جائے گا آج بتاریخ ہمارے دستخط و مہر عدالت سے جاری ہوا عدالت ہذا میں دعویٰ دائر کیا گیا ہے جس کی سماعت مقرر ہے مدعا علیہ کو بذریعہ اشتہار اطلاع دی جاتی ہے کہ وہ مقررہ تاریخ پر بوقت 8 بجے صبح اصالتاً یا وکالتاً حاضر عدالت ہو کر جواب دعویٰ داخل کرے بصورت دیگر کارروائی یکطرفہ عمل میں لائی جائے گی اور فیصلہ سنا دیا جائے گا آج بتاریخ ہمارے دستخط و مہر عدالت سے جاری ہوا عدالت ہذا میں دعویٰ دائر کیا گیا ہے جس کی سماعت مقرر ہے مدعا علیہ کو بذریعہ اشتہار اطلاع دی جاتی ہے کہ وہ مقررہ تاریخ پر بوقت 8 بجے صبح اصالتاً یا وکالتاً حاضر عدالت ہو کر جواب دعویٰ داخل کرے بصورت دیگر کارروائی یکطرفہ عمل میں لائی جائے گی اور فیصلہ سنا دیا جائے گا آج بتاریخ ہمارے دستخط و مہر عدالت سے جاری ہوا
بجے 38
جیجاسٹ
عدالت ہذا میں دعویٰ دائر کیا گیا ہے جس کی سماعت مقرر ہے مدعا علیہ کو بذریعہ اشتہار اطلاع دی جاتی ہے کہ وہ مقررہ تاریخ پر بوقت 8 بجے صبح اصالتاً یا وکالتاً حاضر عدالت ہو کر جواب دعویٰ داخل کرے بصورت دیگر کارروائی یکطرفہ عمل میں لائی جائے گی اور فیصلہ سنا دیا جائے گا آج بتاریخ ہمارے دستخط و مہر عدالت سے جاری ہوا عدالت ہذا میں دعویٰ دائر کیا گیا ہے جس کی سماعت مقرر ہے مدعا علیہ کو بذریعہ اشتہار اطلاع دی جاتی ہے کہ وہ مقررہ تاریخ پر بوقت 8 بجے صبح اصالتاً یا وکالتاً حاضر عدالت ہو کر جواب دعویٰ داخل کرے بصورت دیگر کارروائی یکطرفہ عمل میں لائی جائے گی اور فیصلہ سنا دیا جائے گا آج بتاریخ ہمارے دستخط و مہر عدالت سے جاری ہوا عدالت ہذا میں دعویٰ دائر کیا گیا ہے جس کی سماعت مقرر ہے مدعا علیہ کو بذریعہ اشتہار اطلاع دی جاتی ہے کہ وہ مقررہ تاریخ پر بوقت 8 بجے صبح اصالتاً یا وکالتاً حاضر عدالت ہو کر جواب دعویٰ داخل کرے بصورت دیگر کارروائی یکطرفہ عمل میں لائی جائے گی اور فیصلہ سنا دیا جائے گا آج بتاریخ ہمارے دستخط و مہر عدالت سے جاری ہوا عدالت ہذا میں دعویٰ دائر کیا گیا ہے جس کی سماعت مقرر ہے مدعا علیہ کو بذریعہ اشتہار اطلاع دی جاتی ہے کہ وہ مقررہ تاریخ پر بوقت 8 بجے صبح اصالتاً یا وکالتاً حاضر عدالت ہو کر جواب دعویٰ داخل کرے بصورت دیگر کارروائی یکطرفہ عمل میں لائی جائے گی اور فیصلہ سنا دیا جائے گا آج بتاریخ ہمارے دستخط و مہر عدالت سے جاری ہوا عدالت ہذا میں دعویٰ دائر کیا گیا ہے جس کی سماعت مقرر ہے مدعا علیہ کو بذریعہ اشتہار اطلاع دی جاتی ہے کہ وہ مقررہ تاریخ پر بوقت 8 بجے صبح اصالتاً یا وکالتاً حاضر عدالت ہو کر جواب دعویٰ داخل کرے بصورت دیگر کارروائی یکطرفہ عمل میں لائی جائے گی اور فیصلہ سنا دیا جائے گا آج بتاریخ ہمارے دستخط و مہر عدالت سے جاری ہوا عدالت ہذا میں دعویٰ دائر کیا گیا ہے جس کی سماعت مقرر ہے مدعا علیہ کو بذریعہ اشتہار اطلاع دی جاتی ہے کہ وہ مقررہ تاریخ پر بوقت 8 بجے صبح اصالتاً یا وکالتاً حاضر عدالت ہو کر جواب دعویٰ داخل کرے بصورت دیگر کارروائی یکطرفہ عمل میں لائی جائے گی اور فیصلہ سنا دیا جائے گا آج بتاریخ ہمارے دستخط و مہر عدالت سے جاری ہوا
بجے 39
جیجاسٹ
عدالت ہذا میں دعویٰ دائر کیا گیا ہے جس کی سماعت مقرر ہے مدعا علیہ کو بذریعہ اشتہار اطلاع دی جاتی ہے کہ وہ مقررہ تاریخ پر بوقت 8 بجے صبح اصالتاً یا وکالتاً حاضر عدالت ہو کر جواب دعویٰ داخل کرے بصورت دیگر کارروائی یکطرفہ عمل میں لائی جائے گی اور فیصلہ سنا دیا جائے گا آج بتاریخ ہمارے دستخط و مہر عدالت سے جاری ہوا عدالت ہذا میں دعویٰ دائر کیا گیا ہے جس کی سماعت مقرر ہے مدعا علیہ کو بذریعہ اشتہار اطلاع دی جاتی ہے کہ وہ مقررہ تاریخ پر بوقت 8 بجے صبح اصالتاً یا وکالتاً حاضر عدالت ہو کر جواب دعویٰ داخل کرے بصورت دیگر کارروائی یکطرفہ عمل میں لائی جائے گی اور فیصلہ سنا دیا جائے گا آج بتاریخ ہمارے دستخط و مہر عدالت سے جاری ہوا عدالت ہذا میں دعویٰ دائر کیا گیا ہے جس کی سماعت مقرر ہے مدعا علیہ کو بذریعہ اشتہار اطلاع دی جاتی ہے کہ وہ مقررہ تاریخ پر بوقت 8 بجے صبح اصالتاً یا وکالتاً حاضر عدالت ہو کر جواب دعویٰ داخل کرے بصورت دیگر کارروائی یکطرفہ عمل میں لائی جائے گی اور فیصلہ سنا دیا جائے گا آج بتاریخ ہمارے دستخط و مہر عدالت سے جاری ہوا عدالت ہذا میں دعویٰ دائر کیا گیا ہے جس کی سماعت مقرر ہے مدعا علیہ کو بذریعہ اشتہار اطلاع دی جاتی ہے کہ وہ مقررہ تاریخ پر بوقت 8 بجے صبح اصالتاً یا وکالتاً حاضر عدالت ہو کر جواب دعویٰ داخل کرے بصورت دیگر کارروائی یکطرفہ عمل میں لائی جائے گی اور فیصلہ سنا دیا جائے گا آج بتاریخ ہمارے دستخط و مہر عدالت سے جاری ہوا عدالت ہذا میں دعویٰ دائر کیا گیا ہے جس کی سماعت مقرر ہے مدعا علیہ کو بذریعہ اشتہار اطلاع دی جاتی ہے کہ وہ مقررہ تاریخ پر بوقت 8 بجے صبح اصالتاً یا وکالتاً حاضر عدالت ہو کر جواب دعویٰ داخل کرے بصورت دیگر کارروائی یکطرفہ عمل میں لائی جائے گی اور فیصلہ سنا دیا جائے گا آج بتاریخ ہمارے دستخط و مہر عدالت سے جاری ہوا عدالت ہذا میں دعویٰ دائر کیا گیا ہے جس کی سماعت مقرر ہے مدعا علیہ کو بذریعہ اشتہار اطلاع دی جاتی ہے کہ وہ مقررہ تاریخ پر بوقت 8 بجے صبح اصالتاً یا وکالتاً حاضر عدالت ہو کر جواب دعویٰ داخل کرے بصورت دیگر کارروائی یکطرفہ عمل میں لائی جائے گی اور فیصلہ سنا دیا جائے گا آج بتاریخ ہمارے دستخط و مہر عدالت سے جاری ہوا عدالت ہذا میں دعویٰ دائر کیا گیا ہے جس کی سماعت مقرر ہے مدعا علیہ کو بذریعہ اشتہار اطلاع دی جاتی ہے کہ وہ مقررہ تاریخ پر بوقت 8 بجے صبح اصالتاً یا وکالتاً حاضر عدالت ہو کر جواب دعویٰ داخل کرے بصورت دیگر کارروائی یکطرفہ عمل میں لائی جائے گی اور فیصلہ سنا دیا جائے گا آج بتاریخ ہمارے دستخط و مہر عدالت سے جاری ہوا
بجے 40
جیجاسٹ
عدالت ہذا میں دعویٰ دائر کیا گیا ہے جس کی سماعت مقرر ہے مدعا علیہ کو بذریعہ اشتہار اطلاع دی جاتی ہے کہ وہ مقررہ تاریخ پر بوقت 8 بجے صبح اصالتاً یا وکالتاً حاضر عدالت ہو کر جواب دعویٰ داخل کرے بصورت دیگر کارروائی یکطرفہ عمل میں لائی جائے گی اور فیصلہ سنا دیا جائے گا آج بتاریخ ہمارے دستخط و مہر عدالت سے جاری ہوا عدالت ہذا میں دعویٰ دائر کیا گیا ہے جس کی سماعت مقرر ہے مدعا علیہ کو بذریعہ اشتہار اطلاع دی جاتی ہے کہ وہ مقررہ تاریخ پر بوقت 8 بجے صبح اصالتاً یا وکالتاً حاضر عدالت ہو کر جواب دعویٰ داخل کرے بصورت دیگر کارروائی یکطرفہ عمل میں لائی جائے گی اور فیصلہ سنا دیا جائے گا آج بتاریخ ہمارے دستخط و مہر عدالت سے جاری ہوا عدالت ہذا میں دعویٰ دائر کیا گیا ہے جس کی سماعت مقرر ہے مدعا علیہ کو بذریعہ اشتہار اطلاع دی جاتی ہے کہ وہ مقررہ تاریخ پر بوقت 8 بجے صبح اصالتاً یا وکالتاً حاضر عدالت ہو کر جواب دعویٰ داخل کرے بصورت دیگر کارروائی یکطرفہ عمل میں لائی جائے گی اور فیصلہ سنا دیا جائے گا آج بتاریخ ہمارے دستخط و مہر عدالت سے جاری ہوا
بجے 41
جیجاسٹ
عدالت ہذا میں دعویٰ دائر کیا گیا ہے جس کی سماعت مقرر ہے مدعا علیہ کو بذریعہ اشتہار اطلاع دی جاتی ہے کہ وہ مقررہ تاریخ پر بوقت 8 بجے صبح اصالتاً یا وکالتاً حاضر عدالت ہو کر جواب دعویٰ داخل کرے بصورت دیگر کارروائی یکطرفہ عمل میں لائی جائے گی اور فیصلہ سنا دیا جائے گا آج بتاریخ ہمارے دستخط و مہر عدالت سے جاری ہوا عدالت ہذا میں دعویٰ دائر کیا گیا ہے جس کی سماعت مقرر ہے مدعا علیہ کو بذریعہ اشتہار اطلاع دی جاتی ہے کہ وہ مقررہ تاریخ پر بوقت 8 بجے صبح اصالتاً یا وکالتاً حاضر عدالت ہو کر جواب دعویٰ داخل کرے بصورت دیگر کارروائی یکطرفہ عمل میں لائی جائے گی اور فیصلہ سنا دیا جائے گا آج بتاریخ ہمارے دستخط و مہر عدالت سے جاری ہوا عدالت ہذا میں دعویٰ دائر کیا گیا ہے جس کی سماعت مقرر ہے مدعا علیہ کو بذریعہ اشتہار اطلاع دی جاتی ہے کہ وہ مقررہ تاریخ پر بوقت 8 بجے صبح اصالتاً یا وکالتاً حاضر عدالت ہو کر جواب دعویٰ داخل کرے بصورت دیگر کارروائی یکطرفہ عمل میں لائی جائے گی اور فیصلہ سنا دیا جائے گا آج بتاریخ ہمارے دستخط و مہر عدالت سے جاری ہوا عدالت ہذا میں دعویٰ دائر کیا گیا ہے جس کی سماعت مقرر ہے مدعا علیہ کو بذریعہ اشتہار اطلاع دی جاتی ہے کہ وہ مقررہ تاریخ پر بوقت 8 بجے صبح اصالتاً یا وکالتاً حاضر عدالت ہو کر جواب دعویٰ داخل کرے بصورت دیگر کارروائی یکطرفہ عمل میں لائی جائے گی اور فیصلہ سنا دیا جائے گا آج بتاریخ ہمارے دستخط و مہر عدالت سے جاری ہوا
بجے 42
جیجاسٹ
عدالت ہذا میں دعویٰ دائر کیا گیا ہے جس کی سماعت مقرر ہے مدعا علیہ کو بذریعہ اشتہار اطلاع دی جاتی ہے کہ وہ مقررہ تاریخ پر بوقت 8 بجے صبح اصالتاً یا وکالتاً حاضر عدالت ہو کر جواب دعویٰ داخل کرے بصورت دیگر کارروائی یکطرفہ عمل میں لائی جائے گی اور فیصلہ سنا دیا جائے گا آج بتاریخ ہمارے دستخط و مہر عدالت سے جاری ہوا عدالت ہذا میں دعویٰ دائر کیا گیا ہے جس کی سماعت مقرر ہے مدعا علیہ کو بذریعہ اشتہار اطلاع دی جاتی ہے کہ وہ مقررہ تاریخ پر بوقت 8 بجے صبح اصالتاً یا وکالتاً حاضر عدالت ہو کر جواب دعویٰ داخل کرے بصورت دیگر کارروائی یکطرفہ عمل میں لائی جائے گی اور فیصلہ سنا دیا جائے گا آج بتاریخ ہمارے دستخط و مہر عدالت سے جاری ہوا عدالت ہذا میں دعویٰ دائر کیا گیا ہے جس کی سماعت مقرر ہے مدعا علیہ کو بذریعہ اشتہار اطلاع دی جاتی ہے کہ وہ مقررہ تاریخ پر بوقت 8 بجے صبح اصالتاً یا وکالتاً حاضر عدالت ہو کر جواب دعویٰ داخل کرے بصورت دیگر کارروائی یکطرفہ عمل میں لائی جائے گی اور فیصلہ سنا دیا جائے گا آج بتاریخ ہمارے دستخط و مہر عدالت سے جاری ہوا عدالت ہذا میں دعویٰ دائر کیا گیا ہے جس کی سماعت مقرر ہے مدعا علیہ کو بذریعہ اشتہار اطلاع دی جاتی ہے کہ وہ مقررہ تاریخ پر بوقت 8 بجے صبح اصالتاً یا وکالتاً حاضر عدالت ہو کر جواب دعویٰ داخل کرے بصورت دیگر کارروائی یکطرفہ عمل میں لائی جائے گی اور فیصلہ سنا دیا جائے گا آج بتاریخ ہمارے دستخط و مہر عدالت سے جاری ہوا عدالت ہذا میں دعویٰ دائر کیا گیا ہے جس کی سماعت مقرر ہے مدعا علیہ کو بذریعہ اشتہار اطلاع دی جاتی ہے کہ وہ مقررہ تاریخ پر بوقت 8 بجے صبح اصالتاً یا وکالتاً حاضر عدالت ہو کر جواب دعویٰ داخل کرے بصورت دیگر کارروائی یکطرفہ عمل میں لائی جائے گی اور فیصلہ سنا دیا جائے گا آج بتاریخ ہمارے دستخط و مہر عدالت سے جاری ہوا
بجے 43
جیجاسٹ
عدالت ہذا میں دعویٰ دائر کیا گیا ہے جس کی سماعت مقرر ہے مدعا علیہ کو بذریعہ اشتہار اطلاع دی جاتی ہے کہ وہ مقررہ تاریخ پر بوقت 8 بجے صبح اصالتاً یا وکالتاً حاضر عدالت ہو کر جواب دعویٰ داخل کرے بصورت دیگر کارروائی یکطرفہ عمل میں لائی جائے گی اور فیصلہ سنا دیا جائے گا آج بتاریخ ہمارے دستخط و مہر عدالت سے جاری ہوا عدالت ہذا میں دعویٰ دائر کیا گیا ہے جس کی سماعت مقرر ہے مدعا علیہ کو بذریعہ اشتہار اطلاع دی جاتی ہے کہ وہ مقررہ تاریخ پر بوقت 8 بجے صبح اصالتاً یا وکالتاً حاضر عدالت ہو کر جواب دعویٰ داخل کرے بصورت دیگر کارروائی یکطرفہ عمل میں لائی جائے گی اور فیصلہ سنا دیا جائے گا آج بتاریخ ہمارے دستخط و مہر عدالت سے جاری ہوا عدالت ہذا میں دعویٰ دائر کیا گیا ہے جس کی سماعت مقرر ہے مدعا علیہ کو بذریعہ اشتہار اطلاع دی جاتی ہے کہ وہ مقررہ تاریخ پر بوقت 8 بجے صبح اصالتاً یا وکالتاً حاضر عدالت ہو کر جواب دعویٰ داخل کرے بصورت دیگر کارروائی یکطرفہ عمل میں لائی جائے گی اور فیصلہ سنا دیا جائے گا آج بتاریخ ہمارے دستخط و مہر عدالت سے جاری ہوا عدالت ہذا میں دعویٰ دائر کیا گیا ہے جس کی سماعت مقرر ہے مدعا علیہ کو بذریعہ اشتہار اطلاع دی جاتی ہے کہ وہ مقررہ تاریخ پر بوقت 8 بجے صبح اصالتاً یا وکالتاً حاضر عدالت ہو کر جواب دعویٰ داخل کرے بصورت دیگر کارروائی یکطرفہ عمل میں لائی جائے گی اور فیصلہ سنا دیا جائے گا آج بتاریخ ہمارے دستخط و مہر عدالت سے جاری ہوا عدالت ہذا میں دعویٰ دائر کیا گیا ہے جس کی سماعت مقرر ہے مدعا علیہ کو بذریعہ اشتہار اطلاع دی جاتی ہے کہ وہ مقررہ تاریخ پر بوقت 8 بجے صبح اصالتاً یا وکالتاً حاضر عدالت ہو کر جواب دعویٰ داخل کرے بصورت دیگر کارروائی یکطرفہ عمل میں لائی جائے گی اور فیصلہ سنا دیا جائے گا آج بتاریخ ہمارے دستخط و مہر عدالت سے جاری ہوا عدالت ہذا میں دعویٰ دائر کیا گیا ہے جس کی سماعت مقرر ہے مدعا علیہ کو بذریعہ اشتہار اطلاع دی جاتی ہے کہ وہ مقررہ تاریخ پر بوقت 8 بجے صبح اصالتاً یا وکالتاً حاضر عدالت ہو کر جواب دعویٰ داخل کرے بصورت دیگر کارروائی یکطرفہ عمل میں لائی جائے گی اور فیصلہ سنا دیا جائے گا آج بتاریخ ہمارے دستخط و مہر عدالت سے جاری ہوا
بجے 44
جیجاسٹ
عدالت ہذا میں دعویٰ دائر کیا گیا ہے جس کی سماعت مقرر ہے مدعا علیہ کو بذریعہ اشتہار اطلاع دی جاتی ہے کہ وہ مقررہ تاریخ پر بوقت 8 بجے صبح اصالتاً یا وکالتاً حاضر عدالت ہو کر جواب دعویٰ داخل کرے بصورت دیگر کارروائی یکطرفہ عمل میں لائی جائے گی اور فیصلہ سنا دیا جائے گا آج بتاریخ ہمارے دستخط و مہر عدالت سے جاری ہوا عدالت ہذا میں دعویٰ دائر کیا گیا ہے جس کی سماعت مقرر ہے مدعا علیہ کو بذریعہ اشتہار اطلاع دی جاتی ہے کہ وہ مقررہ تاریخ پر بوقت 8 بجے صبح اصالتاً یا وکالتاً حاضر عدالت ہو کر جواب دعویٰ داخل کرے بصورت دیگر کارروائی یکطرفہ عمل میں لائی جائے گی اور فیصلہ سنا دیا جائے گا آج بتاریخ ہمارے دستخط و مہر عدالت سے جاری ہوا عدالت ہذا میں دعویٰ دائر کیا گیا ہے جس کی سماعت مقرر ہے مدعا علیہ کو بذریعہ اشتہار اطلاع دی جاتی ہے کہ وہ مقررہ تاریخ پر بوقت 8 بجے صبح اصالتاً یا وکالتاً حاضر عدالت ہو کر جواب دعویٰ داخل کرے بصورت دیگر کارروائی یکطرفہ عمل میں لائی جائے گی اور فیصلہ سنا دیا جائے گا آج بتاریخ ہمارے دستخط و مہر عدالت سے جاری ہوا عدالت ہذا میں دعویٰ دائر کیا گیا ہے جس کی سماعت مقرر ہے مدعا علیہ کو بذریعہ اشتہار اطلاع دی جاتی ہے کہ وہ مقررہ تاریخ پر بوقت 8 بجے صبح اصالتاً یا وکالتاً حاضر عدالت ہو کر جواب دعویٰ داخل کرے بصورت دیگر کارروائی یکطرفہ عمل میں لائی جائے گی اور فیصلہ سنا دیا جائے گا آج بتاریخ ہمارے دستخط و مہر عدالت سے جاری ہوا عدالت ہذا میں دعویٰ دائر کیا گیا ہے جس کی سماعت مقرر ہے مدعا علیہ کو بذریعہ اشتہار اطلاع دی جاتی ہے کہ وہ مقررہ تاریخ پر بوقت 8 بجے صبح اصالتاً یا وکالتاً حاضر عدالت ہو کر جواب دعویٰ داخل کرے بصورت دیگر کارروائی یکطرفہ عمل میں لائی جائے گی اور فیصلہ سنا دیا جائے گا آج بتاریخ ہمارے دستخط و مہر عدالت سے جاری ہوا عدالت ہذا میں دعویٰ دائر کیا گیا ہے جس کی سماعت مقرر ہے مدعا علیہ کو بذریعہ اشتہار اطلاع دی جاتی ہے کہ وہ مقررہ تاریخ پر بوقت 8 بجے صبح اصالتاً یا وکالتاً حاضر عدالت ہو کر جواب دعویٰ داخل کرے بصورت دیگر کارروائی یکطرفہ عمل میں لائی جائے گی اور فیصلہ سنا دیا جائے گا آج بتاریخ ہمارے دستخط و مہر عدالت سے جاری ہوا عدالت ہذا میں دعویٰ دائر کیا گیا ہے جس کی سماعت مقرر ہے مدعا علیہ کو بذریعہ اشتہار اطلاع دی جاتی ہے کہ وہ مقررہ تاریخ پر بوقت 8 بجے صبح اصالتاً یا وکالتاً حاضر عدالت ہو کر جواب دعویٰ داخل کرے بصورت دیگر کارروائی یکطرفہ عمل میں لائی جائے گی اور فیصلہ سنا دیا جائے گا آج بتاریخ ہمارے دستخط و مہر عدالت سے جاری ہوا
بجے 45
جیجاسٹ
عدالت ہذا میں دعویٰ دائر کیا گیا ہے جس کی سماعت مقرر ہے مدعا علیہ کو بذریعہ اشتہار اطلاع دی جاتی ہے کہ وہ مقررہ تاریخ پر بوقت 8 بجے صبح اصالتاً یا وکالتاً حاضر عدالت ہو کر جواب دعویٰ داخل کرے بصورت دیگر کارروائی یکطرفہ عمل میں لائی جائے گی اور فیصلہ سنا دیا جائے گا آج بتاریخ ہمارے دستخط و مہر عدالت سے جاری ہوا عدالت ہذا میں دعویٰ دائر کیا گیا ہے جس کی سماعت مقرر ہے مدعا علیہ کو بذریعہ اشتہار اطلاع دی جاتی ہے کہ وہ مقررہ تاریخ پر بوقت 8 بجے صبح اصالتاً یا وکالتاً حاضر عدالت ہو کر جواب دعویٰ داخل کرے بصورت دیگر کارروائی یکطرفہ عمل میں لائی جائے گی اور فیصلہ سنا دیا جائے گا آج بتاریخ ہمارے دستخط و مہر عدالت سے جاری ہوا عدالت ہذا میں دعویٰ دائر کیا گیا ہے جس کی سماعت مقرر ہے مدعا علیہ کو بذریعہ اشتہار اطلاع دی جاتی ہے کہ وہ مقررہ تاریخ پر بوقت 8 بجے صبح اصالتاً یا وکالتاً حاضر عدالت ہو کر جواب دعویٰ داخل کرے بصورت دیگر کارروائی یکطرفہ عمل میں لائی جائے گی اور فیصلہ سنا دیا جائے گا آج بتاریخ ہمارے دستخط و مہر عدالت سے جاری ہوا
بجے 46
جیجاسٹ
عدالت ہذا میں دعویٰ دائر کیا گیا ہے جس کی سماعت مقرر ہے مدعا علیہ کو بذریعہ اشتہار اطلاع دی جاتی ہے کہ وہ مقررہ تاریخ پر بوقت 8 بجے صبح اصالتاً یا وکالتاً حاضر عدالت ہو کر جواب دعویٰ داخل کرے بصورت دیگر کارروائی یکطرفہ عمل میں لائی جائے گی اور فیصلہ سنا دیا جائے گا آج بتاریخ ہمارے دستخط و مہر عدالت سے جاری ہوا عدالت ہذا میں دعویٰ دائر کیا گیا ہے جس کی سماعت مقرر ہے مدعا علیہ کو بذریعہ اشتہار اطلاع دی جاتی ہے کہ وہ مقررہ تاریخ پر بوقت 8 بجے صبح اصالتاً یا وکالتاً حاضر عدالت ہو کر جواب دعویٰ داخل کرے بصورت دیگر کارروائی یکطرفہ عمل میں لائی جائے گی اور فیصلہ سنا دیا جائے گا آج بتاریخ ہمارے دستخط و مہر عدالت سے جاری ہوا عدالت ہذا میں دعویٰ دائر کیا گیا ہے جس کی سماعت مقرر ہے مدعا علیہ کو بذریعہ اشتہار اطلاع دی جاتی ہے کہ وہ مقررہ تاریخ پر بوقت 8 بجے صبح اصالتاً یا وکالتاً حاضر عدالت ہو کر جواب دعویٰ داخل کرے بصورت دیگر کارروائی یکطرفہ عمل میں لائی جائے گی اور فیصلہ سنا دیا جائے گا آج بتاریخ ہمارے دستخط و مہر عدالت سے جاری ہوا عدالت ہذا میں دعویٰ دائر کیا گیا ہے جس کی سماعت مقرر ہے مدعا علیہ کو بذریعہ اشتہار اطلاع دی جاتی ہے کہ وہ مقررہ تاریخ پر بوقت 8 بجے صبح اصالتاً یا وکالتاً حاضر عدالت ہو کر جواب دعویٰ داخل کرے بصورت دیگر کارروائی یکطرفہ عمل میں لائی جائے گی اور فیصلہ سنا دیا جائے گا آج بتاریخ ہمارے دستخط و مہر عدالت سے جاری ہوا
بجے 47
جیجاسٹ
عدالت ہذا میں دعویٰ دائر کیا گیا ہے جس کی سماعت مقرر ہے مدعا علیہ کو بذریعہ اشتہار اطلاع دی جاتی ہے کہ وہ مقررہ تاریخ پر بوقت 8 بجے صبح اصالتاً یا وکالتاً حاضر عدالت ہو کر جواب دعویٰ داخل کرے بصورت دیگر کارروائی یکطرفہ عمل میں لائی جائے گی اور فیصلہ سنا دیا جائے گا آج بتاریخ ہمارے دستخط و مہر عدالت سے جاری ہوا عدالت ہذا میں دعویٰ دائر کیا گیا ہے جس کی سماعت مقرر ہے مدعا علیہ کو بذریعہ اشتہار اطلاع دی جاتی ہے کہ وہ مقررہ تاریخ پر بوقت 8 بجے صبح اصالتاً یا وکالتاً حاضر عدالت ہو کر جواب دعویٰ داخل کرے بصورت دیگر کارروائی یکطرفہ عمل میں لائی جائے گی اور فیصلہ سنا دیا جائے گا آج بتاریخ ہمارے دستخط و مہر عدالت سے جاری ہوا عدالت ہذا میں دعویٰ دائر کیا گیا ہے جس کی سماعت مقرر ہے مدعا علیہ کو بذریعہ اشتہار اطلاع دی جاتی ہے کہ وہ مقررہ تاریخ پر بوقت 8 بجے صبح اصالتاً یا وکالتاً حاضر عدالت ہو کر جواب دعویٰ داخل کرے بصورت دیگر کارروائی یکطرفہ عمل میں لائی جائے گی اور فیصلہ سنا دیا جائے گا آج بتاریخ ہمارے دستخط و مہر عدالت سے جاری ہوا عدالت ہذا میں دعویٰ دائر کیا گیا ہے جس کی سماعت مقرر ہے مدعا علیہ کو بذریعہ اشتہار اطلاع دی جاتی ہے کہ وہ مقررہ تاریخ پر بوقت 8 بجے صبح اصالتاً یا وکالتاً حاضر عدالت ہو کر جواب دعویٰ داخل کرے بصورت دیگر کارروائی یکطرفہ عمل میں لائی جائے گی اور فیصلہ سنا دیا جائے گا آج بتاریخ ہمارے دستخط و مہر عدالت سے جاری ہوا عدالت ہذا میں دعویٰ
بجے 49
جیجاسٹ
عدالت ہذا میں دعویٰ دائر کیا گیا ہے جس کی سماعت مقرر ہے مدعا علیہ کو بذریعہ اشتہار اطلاع دی جاتی ہے کہ وہ مقررہ تاریخ پر بوقت 8 بجے صبح اصالتاً یا وکالتاً حاضر عدالت ہو کر جواب دعویٰ داخل کرے بصورت دیگر کارروائی یکطرفہ عمل میں لائی جائے گی اور فیصلہ سنا دیا جائے گا آج بتاریخ ہمارے دستخط و مہر عدالت سے جاری ہوا عدالت ہذا میں دعویٰ دائر کیا گیا ہے جس کی سماعت مقرر ہے مدعا علیہ کو بذریعہ اشتہار اطلاع دی جاتی ہے کہ وہ مقررہ تاریخ پر بوقت 8 بجے صبح اصالتاً یا وکالتاً حاضر عدالت ہو کر جواب دعویٰ داخل کرے بصورت دیگر کارروائی یکطرفہ عمل میں لائی جائے گی اور فیصلہ سنا دیا جائے گا آج بتاریخ ہمارے دستخط و مہر عدالت سے جاری ہوا عدالت ہذا میں دعویٰ دائر کیا گیا ہے جس کی سماعت مقرر ہے مدعا علیہ کو بذریعہ اشتہار اطلاع دی جاتی ہے کہ وہ مقررہ تاریخ پر بوقت 8 بجے صبح اصالتاً یا وکالتاً حاضر عدالت ہو کر جواب دعویٰ داخل کرے بصورت دیگر کارروائی یکطرفہ عمل میں لائی جائے گی اور فیصلہ سنا دیا جائے گا آج بتاریخ ہمارے دستخط و مہر عدالت سے جاری ہوا عدالت ہذا میں دعویٰ دائر کیا گیا ہے جس کی سماعت مقرر ہے مدعا علیہ کو بذریعہ اشتہار اطلاع دی جاتی ہے کہ وہ مقررہ تاریخ پر بوقت 8 بجے صبح اصالتاً یا وکالتاً حاضر عدالت ہو کر جواب دعویٰ داخل کرے بصورت دیگر کارروائی یکطرفہ عمل میں لائی جائے گی اور فیصلہ سنا دیا جائے گا آج بتاریخ ہمارے دستخط و مہر عدالت سے جاری ہوا عدالت ہذا میں دعویٰ دائر کیا گیا ہے جس کی سماعت مقرر ہے مدعا علیہ کو بذریعہ اشتہار اطلاع دی جاتی ہے کہ وہ مقررہ تاریخ پر بوقت 8 بجے صبح اصالتاً یا وکالتاً حاضر عدالت ہو کر جواب دعویٰ داخل کرے بصورت دیگر کارروائی یکطرفہ عمل میں لائی جائے گی اور فیصلہ سنا دیا جائے گا آج بتاریخ ہمارے دستخط و مہر عدالت سے جاری ہوا عدالت ہذا میں دعویٰ دائر کیا گیا ہے جس کی سماعت مقرر ہے مدعا علیہ کو بذریعہ اشتہار اطلاع دی جاتی ہے کہ وہ مقررہ تاریخ پر بوقت 8 بجے صبح اصالتاً یا وکالتاً حاضر عدالت ہو کر جواب دعویٰ داخل کرے بصورت دیگر کارروائی یکطرفہ عمل میں لائی جائے گی اور فیصلہ سنا دیا جائے گا آج بتاریخ ہمارے دستخط و مہر عدالت سے جاری ہوا عدالت ہذا میں دعویٰ دائر کیا گیا ہے جس کی سماعت مقرر ہے مدعا علیہ کو بذریعہ اشتہار اطلاع دی جاتی ہے کہ وہ مقررہ تاریخ پر بوقت 8 بجے صبح اصالتاً یا وکالتاً حاضر عدالت ہو کر جواب دعویٰ داخل کرے بصورت دیگر کارروائی یکطرفہ عمل میں لائی جائے گی اور فیصلہ سنا دیا جائے گا آج بتاریخ ہمارے دستخط و مہر عدالت سے جاری ہوا
بجے 50
جیجاسٹ
عدالت ہذا میں دعویٰ دائر کیا گیا ہے جس کی سماعت مقرر ہے مدعا علیہ کو بذریعہ اشتہار اطلاع دی جاتی ہے کہ وہ مقررہ تاریخ پر بوقت 8 بجے صبح اصالتاً یا وکالتاً حاضر عدالت ہو کر جواب دعویٰ داخل کرے بصورت دیگر کارروائی یکطرفہ عمل میں لائی جائے گی اور فیصلہ سنا دیا جائے گا آج بتاریخ ہمارے دستخط و مہر عدالت سے جاری ہوا عدالت ہذا میں دعویٰ دائر کیا گیا ہے جس کی سماعت مقرر ہے مدعا علیہ کو بذریعہ اشتہار اطلاع دی جاتی ہے کہ وہ مقررہ تاریخ پر بوقت 8 بجے صبح اصالتاً یا وکالتاً حاضر عدالت ہو کر جواب دعویٰ داخل کرے بصورت دیگر کارروائی یکطرفہ عمل میں لائی جائے گی اور فیصلہ سنا دیا جائے گا آج بتاریخ ہمارے دستخط و مہر عدالت سے جاری ہوا عدالت ہذا میں دعویٰ دائر کیا گیا ہے جس کی سماعت مقرر ہے مدعا علیہ کو بذریعہ اشتہار اطلاع دی جاتی ہے کہ وہ مقررہ تاریخ پر بوقت 8 بجے صبح اصالتاً یا وکالتاً حاضر عدالت ہو کر جواب دعویٰ داخل کرے بصورت دیگر کارروائی یکطرفہ عمل میں لائی جائے گی اور فیصلہ سنا دیا جائے گا آج بتاریخ ہمارے دستخط و مہر عدالت سے جاری ہوا
بجے 51
جیجاسٹ
عدالت ہذا میں دعویٰ دائر کیا گیا ہے جس کی سماعت مقرر ہے مدعا علیہ کو بذریعہ اشتہار اطلاع دی جاتی ہے کہ وہ مقررہ تاریخ پر بوقت 8 بجے صبح اصالتاً یا وکالتاً حاضر عدالت ہو کر جواب دعویٰ داخل کرے بصورت دیگر کارروائی یکطرفہ عمل میں لائی جائے گی اور فیصلہ سنا دیا جائے گا آج بتاریخ ہمارے دستخط و مہر عدالت سے جاری ہوا عدالت ہذا میں دعویٰ دائر کیا گیا ہے جس کی سماعت مقرر ہے مدعا علیہ کو بذریعہ اشتہار اطلاع دی جاتی ہے کہ وہ مقررہ تاریخ پر بوقت 8 بجے صبح اصالتاً یا وکالتاً حاضر عدالت ہو کر جواب دعویٰ داخل کرے بصورت دیگر کارروائی یکطرفہ عمل میں لائی جائے گی اور فیصلہ سنا دیا جائے گا آج بتاریخ ہمارے دستخط و مہر عدالت سے جاری ہوا عدالت ہذا میں دعویٰ دائر کیا گیا ہے جس کی سماعت مقرر ہے مدعا علیہ کو بذریعہ اشتہار اطلاع دی جاتی ہے کہ وہ مقررہ تاریخ پر بوقت 8 بجے صبح اصالتاً یا وکالتاً حاضر عدالت ہو کر جواب دعویٰ داخل کرے بصورت دیگر کارروائی یکطرفہ عمل میں لائی جائے گی اور فیصلہ سنا دیا جائے گا آج بتاریخ ہمارے دستخط و مہر عدالت سے جاری ہوا عدالت ہذا میں دعویٰ دائر کیا گیا ہے جس کی سماعت مقرر ہے مدعا علیہ کو بذریعہ اشتہار اطلاع دی جاتی ہے کہ وہ مقررہ تاریخ پر بوقت 8 بجے صبح اصالتاً یا وکالتاً حاضر عدالت ہو کر جواب دعویٰ داخل کرے بصورت دیگر کارروائی یکطرفہ عمل میں لائی جائے گی اور فیصلہ سنا دیا جائے گا آج بتاریخ ہمارے دستخط و مہر عدالت سے جاری ہوا
بجے 52
جیجاسٹ
عدالت ہذا میں دعویٰ دائر کیا گیا ہے جس کی سماعت مقرر ہے مدعا علیہ کو بذریعہ اشتہار اطلاع دی جاتی ہے کہ وہ مقررہ تاریخ پر بوقت 8 بجے صبح اصالتاً یا وکالتاً حاضر عدالت ہو کر جواب دعویٰ داخل کرے بصورت دیگر کارروائی یکطرفہ عمل میں لائی جائے گی اور فیصلہ سنا دیا جائے گا آج بتاریخ ہمارے دستخط و مہر عدالت سے جاری ہوا عدالت ہذا میں دعویٰ دائر کیا گیا ہے جس کی سماعت مقرر ہے مدعا علیہ کو بذریعہ اشتہار اطلاع دی جاتی ہے کہ وہ مقررہ تاریخ پر بوقت 8 بجے صبح اصالتاً یا وکالتاً حاضر عدالت ہو کر جواب دعویٰ داخل کرے بصورت دیگر کارروائی یکطرفہ عمل میں لائی جائے گی اور فیصلہ سنا دیا جائے گا آج بتاریخ ہمارے دستخط و مہر عدالت سے جاری ہوا عدالت ہذا میں دعویٰ دائر کیا گیا ہے جس کی سماعت مقرر ہے مدعا علیہ کو بذریعہ اشتہار اطلاع دی جاتی ہے کہ وہ مقررہ تاریخ پر بوقت 8 بجے صبح اصالتاً یا وکالتاً حاضر عدالت ہو کر جواب دعویٰ داخل کرے بصورت دیگر کارروائی یکطرفہ عمل میں لائی جائے گی اور فیصلہ سنا دیا جائے گا آج بتاریخ ہمارے دستخط و مہر عدالت سے جاری ہوا عدالت ہذا میں دعویٰ دائر کیا گیا ہے جس کی سماعت مقرر ہے مدعا علیہ کو بذریعہ اشتہار اطلاع دی جاتی ہے کہ وہ مقررہ تاریخ پر بوقت 8 بجے صبح اصالتاً یا وکالتاً حاضر عدالت ہو کر جواب دعویٰ داخل کرے بصورت دیگر کارروائی یکطرفہ عمل میں لائی جائے گی اور فیصلہ سنا دیا جائے گا آج بتاریخ ہمارے دستخط و مہر عدالت سے جاری ہوا عدالت ہذا میں دعویٰ دائر کیا گیا ہے جس کی سماعت مقرر ہے مدعا علیہ کو بذریعہ اشتہار اطلاع دی جاتی ہے کہ وہ مقررہ تاریخ پر بوقت 8 بجے صبح اصالتاً یا وکالتاً حاضر عدالت ہو کر جواب دعویٰ داخل کرے بصورت دیگر کارروائی یکطرفہ عمل میں لائی جائے گی اور فیصلہ سنا دیا جائے گا آج بتاریخ ہمارے دستخط و مہر عدالت سے جاری ہوا
بجے 53
جیجاسٹ
عدالت ہذا میں دعویٰ دائر کیا گیا ہے جس کی سماعت مقرر ہے مدعا علیہ کو بذریعہ اشتہار اطلاع دی جاتی ہے کہ وہ مقررہ تاریخ پر بوقت 8 بجے صبح اصالتاً یا وکالتاً حاضر عدالت ہو کر جواب دعویٰ داخل کرے بصورت دیگر کارروائی یکطرفہ عمل میں لائی جائے گی اور فیصلہ سنا دیا جائے گا آج بتاریخ ہمارے دستخط و مہر عدالت سے جاری ہوا عدالت ہذا میں دعویٰ دائر کیا گیا ہے جس کی سماعت مقرر ہے مدعا علیہ کو بذریعہ اشتہار اطلاع دی جاتی ہے کہ وہ مقررہ تاریخ پر بوقت 8 بجے صبح اصالتاً یا وکالتاً حاضر عدالت ہو کر جواب دعویٰ داخل کرے بصورت دیگر کارروائی یکطرفہ عمل میں لائی جائے گی اور فیصلہ سنا دیا جائے گا آج بتاریخ ہمارے دستخط و مہر عدالت سے جاری ہوا عدالت ہذا میں دعویٰ دائر کیا گیا ہے جس کی سماعت مقرر ہے مدعا علیہ کو بذریعہ اشتہار اطلاع دی جاتی ہے کہ وہ مقررہ تاریخ پر بوقت 8 بجے صبح اصالتاً یا وکالتاً حاضر عدالت ہو کر جواب دعویٰ داخل کرے بصورت دیگر کارروائی یکطرفہ عمل میں لائی جائے گی اور فیصلہ سنا دیا جائے گا آج بتاریخ ہمارے دستخط و مہر عدالت سے جاری ہوا عدالت ہذا میں دعویٰ دائر کیا گیا ہے جس کی سماعت مقرر ہے مدعا علیہ کو بذریعہ اشتہار اطلاع دی جاتی ہے کہ وہ مقررہ تاریخ پر بوقت 8 بجے صبح اصالتاً یا وکالتاً حاضر عدالت ہو کر جواب دعویٰ داخل کرے بصورت دیگر کارروائی یکطرفہ عمل میں لائی جائے گی اور فیصلہ سنا دیا جائے گا آج بتاریخ ہمارے دستخط و مہر عدالت سے جاری ہوا عدالت ہذا میں دعویٰ دائر کیا گیا ہے جس کی سماعت مقرر ہے مدعا علیہ کو بذریعہ اشتہار اطلاع دی جاتی ہے کہ وہ مقررہ تاریخ پر بوقت 8 بجے صبح اصالتاً یا وکالتاً حاضر عدالت ہو کر جواب دعویٰ داخل کرے بصورت دیگر کارروائی یکطرفہ عمل میں لائی جائے گی اور فیصلہ سنا دیا جائے گا آج بتاریخ ہمارے دستخط و مہر عدالت سے جاری ہوا عدالت ہذا میں دعویٰ دائر کیا گیا ہے جس کی سماعت مقرر ہے مدعا علیہ کو بذریعہ اشتہار اطلاع دی جاتی ہے کہ وہ مقررہ تاریخ پر بوقت 8 بجے صبح اصالتاً یا وکالتاً حاضر عدالت ہو کر جواب دعویٰ داخل کرے بصورت دیگر کارروائی یکطرفہ عمل میں لائی جائے گی اور فیصلہ سنا دیا جائے گا آج بتاریخ ہمارے دستخط و مہر عدالت سے جاری ہوا
بجے 54
جیجاسٹ
عدالت ہذا میں دعویٰ دائر کیا گیا ہے جس کی سماعت مقرر ہے مدعا علیہ کو بذریعہ اشتہار اطلاع دی جاتی ہے کہ وہ مقررہ تاریخ پر بوقت 8 بجے صبح اصالتاً یا وکالتاً حاضر عدالت ہو کر جواب دعویٰ داخل کرے بصورت دیگر کارروائی یکطرفہ عمل میں لائی جائے گی اور فیصلہ سنا دیا جائے گا آج بتاریخ ہمارے دستخط و مہر عدالت سے جاری ہوا عدالت ہذا میں دعویٰ دائر کیا گیا ہے جس کی سماعت مقرر ہے مدعا علیہ کو بذریعہ اشتہار اطلاع دی جاتی ہے کہ وہ مقررہ تاریخ پر بوقت 8 بجے صبح اصالتاً یا وکالتاً حاضر عدالت ہو کر جواب دعویٰ داخل کرے بصورت دیگر کارروائی یکطرفہ عمل میں لائی جائے گی اور فیصلہ سنا دیا جائے گا آج بتاریخ ہمارے دستخط و مہر عدالت سے جاری ہوا عدالت ہذا میں دعویٰ دائر کیا گیا ہے جس کی سماعت مقرر ہے مدعا علیہ کو بذریعہ اشتہار اطلاع دی جاتی ہے کہ وہ مقررہ تاریخ پر بوقت 8 بجے صبح اصالتاً یا وکالتاً حاضر عدالت ہو کر جواب دعویٰ داخل کرے بصورت دیگر کارروائی یکطرفہ عمل میں لائی جائے گی اور فیصلہ سنا دیا جائے گا آج بتاریخ ہمارے دستخط و مہر عدالت سے جاری ہوا عدالت ہذا میں دعویٰ دائر کیا گیا ہے جس کی سماعت مقرر ہے مدعا علیہ کو بذریعہ اشتہار اطلاع دی جاتی ہے کہ وہ مقررہ تاریخ پر بوقت 8 بجے صبح اصالتاً یا وکالتاً حاضر عدالت ہو کر جواب دعویٰ داخل کرے بصورت دیگر کارروائی یکطرفہ عمل میں لائی جائے گی اور فیصلہ سنا دیا جائے گا آج بتاریخ ہمارے دستخط و مہر عدالت سے جاری ہوا عدالت ہذا میں دعویٰ دائر کیا گیا ہے جس کی سماعت مقرر ہے مدعا علیہ کو بذریعہ اشتہار اطلاع دی جاتی ہے کہ وہ مقررہ تاریخ پر بوقت 8 بجے صبح اصالتاً یا وکالتاً حاضر عدالت ہو کر جواب دعویٰ داخل کرے بصورت دیگر کارروائی یکطرفہ عمل میں لائی جائے گی اور فیصلہ سنا دیا جائے گا آج بتاریخ ہمارے دستخط و مہر عدالت سے جاری ہوا عدالت ہذا میں دعویٰ دائر کیا گیا ہے جس کی سماعت مقرر ہے مدعا علیہ کو بذریعہ اشتہار اطلاع دی جاتی ہے کہ وہ مقررہ تاریخ پر بوقت 8 بجے صبح اصالتاً یا وکالتاً حاضر عدالت ہو کر جواب دعویٰ داخل کرے بصورت دیگر کارروائی یکطرفہ عمل میں لائی جائے گی اور فیصلہ سنا دیا جائے گا آج بتاریخ ہمارے دستخط و مہر عدالت سے جاری ہوا عدالت ہذا میں دعویٰ دائر کیا گیا ہے جس کی سماعت مقرر ہے مدعا علیہ کو بذریعہ اشتہار اطلاع دی جاتی ہے کہ وہ مقررہ تاریخ پر بوقت 8 بجے صبح اصالتاً یا وکالتاً حاضر عدالت ہو کر جواب دعویٰ داخل کرے بصورت دیگر کارروائی یکطرفہ عمل میں لائی جائے گی اور فیصلہ سنا دیا جائے گا آج بتاریخ ہمارے دستخط و مہر عدالت سے جاری ہوا
بجے 55
جیجاسٹ
عدالت ہذا میں دعویٰ دائر کیا گیا ہے جس کی سماعت مقرر ہے مدعا علیہ کو بذریعہ اشتہار اطلاع دی جاتی ہے کہ وہ مقررہ تاریخ پر بوقت 8 بجے صبح اصالتاً یا وکالتاً حاضر عدالت ہو کر جواب دعویٰ داخل کرے بصورت دیگر کارروائی یکطرفہ عمل میں لائی جائے گی اور فیصلہ سنا دیا جائے گا آج بتاریخ ہمارے دستخط و مہر عدالت سے جاری ہوا عدالت ہذا میں دعویٰ دائر کیا گیا ہے جس کی سماعت مقرر ہے مدعا علیہ کو بذریعہ اشتہار اطلاع دی جاتی ہے کہ وہ مقررہ تاریخ پر بوقت 8 بجے صبح اصالتاً یا وکالتاً حاضر عدالت ہو کر جواب دعویٰ داخل کرے بصورت دیگر کارروائی یکطرفہ عمل میں لائی جائے گی اور فیصلہ سنا دیا جائے گا آج بتاریخ ہمارے دستخط و مہر عدالت سے جاری ہوا عدالت ہذا میں دعویٰ دائر کیا گیا ہے جس کی سماعت مقرر ہے مدعا علیہ کو بذریعہ اشتہار اطلاع دی جاتی ہے کہ وہ مقررہ تاریخ پر بوقت 8 بجے صبح اصالتاً یا وکالتاً حاضر عدالت ہو کر جواب دعویٰ داخل کرے بصورت دیگر کارروائی یکطرفہ عمل میں لائی جائے گی اور فیصلہ سنا دیا جائے گا آج بتاریخ ہمارے دستخط و مہر عدالت سے جاری ہوا
بجے 56
جیجاسٹ
عدالت ہذا میں دعویٰ دائر کیا گیا ہے جس کی سماعت مقرر ہے مدعا علیہ کو بذریعہ اشتہار اطلاع دی جاتی ہے کہ وہ مقررہ تاریخ پر بوقت 8 بجے صبح اصالتاً یا وکالتاً حاضر عدالت ہو کر جواب دعویٰ داخل کرے بصورت دیگر کارروائی یکطرفہ عمل میں لائی جائے گی اور فیصلہ سنا دیا جائے گا آج بتاریخ ہمارے دستخط و مہر عدالت سے جاری ہوا عدالت ہذا میں دعویٰ دائر کیا گیا ہے جس کی سماعت مقرر ہے مدعا علیہ کو بذریعہ اشتہار اطلاع دی جاتی ہے کہ وہ مقررہ تاریخ پر بوقت 8 بجے صبح اصالتاً یا وکالتاً حاضر عدالت ہو کر جواب دعویٰ داخل کرے بصورت دیگر کارروائی یکطرفہ عمل میں لائی جائے گی اور فیصلہ سنا دیا جائے گا آج بتاریخ ہمارے دستخط و مہر عدالت سے جاری ہوا عدالت ہذا میں دعویٰ دائر کیا گیا ہے جس کی سماعت مقرر ہے مدعا علیہ کو بذریعہ اشتہار اطلاع دی جاتی ہے کہ وہ مقررہ تاریخ پر بوقت 8 بجے صبح اصالتاً یا وکالتاً حاضر عدالت ہو کر جواب دعویٰ داخل کرے بصورت دیگر کارروائی یکطرفہ عمل میں لائی جائے گی اور فیصلہ سنا دیا جائے گا آج بتاریخ ہمارے دستخط و مہر عدالت سے جاری ہوا عدالت ہذا میں دعویٰ دائر کیا گیا ہے جس کی سماعت مقرر ہے مدعا علیہ کو بذریعہ اشتہار اطلاع دی جاتی ہے کہ وہ مقررہ تاریخ پر بوقت 8 بجے صبح اصالتاً یا وکالتاً حاضر عدالت ہو کر جواب دعویٰ داخل کرے بصورت دیگر کارروائی یکطرفہ عمل میں لائی جائے گی اور فیصلہ سنا دیا جائے گا آج بتاریخ ہمارے دستخط و مہر عدالت سے جاری ہوا
بجے 57
جیجاسٹ
عدالت ہذا میں دعویٰ دائر کیا گیا ہے جس کی سماعت مقرر ہے مدعا علیہ کو بذریعہ اشتہار اطلاع دی جاتی ہے کہ وہ مقررہ تاریخ پر بوقت 8 بجے صبح اصالتاً یا وکالتاً حاضر عدالت ہو کر جواب دعویٰ داخل کرے بصورت دیگر کارروائی یکطرفہ عمل میں لائی جائے گی اور فیصلہ سنا دیا جائے گا آج بتاریخ ہمارے دستخط و مہر عدالت سے جاری ہوا عدالت ہذا میں دعویٰ دائر کیا گیا ہے جس کی سماعت مقرر ہے مدعا علیہ کو بذریعہ اشتہار اطلاع دی جاتی ہے کہ وہ مقررہ تاریخ پر بوقت 8 بجے صبح اصالتاً یا وکالتاً حاضر عدالت ہو کر جواب دعویٰ داخل کرے بصورت دیگر کارروائی یکطرفہ عمل میں لائی جائے گی اور فیصلہ سنا دیا جائے گا آج بتاریخ ہمارے دستخط و مہر عدالت سے جاری ہوا عدالت ہذا میں دعویٰ دائر کیا گیا ہے جس کی سماعت مقرر ہے مدعا علیہ کو بذریعہ اشتہار اطلاع دی جاتی ہے کہ وہ مقررہ تاریخ پر بوقت 8 بجے صبح اصالتاً یا وکالتاً حاضر عدالت ہو کر جواب دعویٰ داخل کرے بصورت دیگر کارروائی یکطرفہ عمل میں لائی جائے گی اور فیصلہ سنا دیا جائے گا آج بتاریخ ہمارے دستخط و مہر عدالت سے جاری ہوا عدالت ہذا میں دعویٰ دائر کیا گیا ہے جس کی سماعت مقرر ہے مدعا علیہ کو بذریعہ اشتہار اطلاع دی جاتی ہے کہ وہ مقررہ تاریخ پر بوقت 8 بجے صبح اصالتاً یا وکالتاً حاضر عدالت ہو کر جواب دعویٰ داخل کرے بصورت دیگر کارروائی یکطرفہ عمل میں لائی جائے گی اور فیصلہ سنا دیا جائے گا آج بتاریخ ہمارے دستخط و مہر عدالت سے جاری ہوا عدالت ہذا میں دعویٰ دائر کیا گیا ہے جس کی سماعت مقرر ہے مدعا علیہ کو بذریعہ اشتہار اطلاع دی جاتی ہے کہ وہ مقررہ تاریخ پر بوقت 8 بجے صبح اصالتاً یا وکالتاً حاضر عدالت ہو کر جواب دعویٰ داخل کرے بصورت دیگر کارروائی یکطرفہ عمل میں لائی جائے گی اور فیصلہ سنا دیا جائے گا آج بتاریخ ہمارے دستخط و مہر عدالت سے جاری ہوا
بجے 58
جیجاسٹ
عدالت ہذا میں دعویٰ دائر کیا گیا ہے جس کی سماعت مقرر ہے مدعا علیہ کو بذریعہ اشتہار اطلاع دی جاتی ہے کہ وہ مقررہ تاریخ پر بوقت 8 بجے صبح اصالتاً یا وکالتاً حاضر عدالت ہو کر جواب دعویٰ داخل کرے بصورت دیگر کارروائی یکطرفہ عمل میں لائی جائے گی اور فیصلہ سنا دیا جائے گا آج بتاریخ ہمارے دستخط و مہر عدالت سے جاری ہوا عدالت ہذا میں دعویٰ دائر کیا گیا ہے جس کی سماعت مقرر ہے مدعا علیہ کو بذریعہ اشتہار اطلاع دی جاتی ہے کہ وہ مقررہ تاریخ پر بوقت 8 بجے صبح اصالتاً یا وکالتاً حاضر عدالت ہو کر جواب دعویٰ داخل کرے بصورت دیگر کارروائی یکطرفہ عمل میں لائی جائے گی اور فیصلہ سنا دیا جائے گا آج بتاریخ ہمارے دستخط و مہر عدالت سے جاری ہوا عدالت ہذا میں دعویٰ دائر کیا گیا ہے جس کی سماعت مقرر ہے مدعا علیہ کو بذریعہ اشتہار اطلاع دی جاتی ہے کہ وہ مقررہ تاریخ پر بوقت 8 بجے صبح اصالتاً یا وکالتاً حاضر عدالت ہو کر جواب دعویٰ داخل کرے بصورت دیگر کارروائی یکطرفہ عمل میں لائی جائے گی اور فیصلہ سنا دیا جائے گا آج بتاریخ ہمارے دستخط و مہر عدالت سے جاری ہوا عدالت ہذا میں دعویٰ دائر کیا گیا ہے جس کی سماعت مقرر ہے مدعا علیہ کو بذریعہ اشتہار اطلاع دی جاتی ہے کہ وہ مقررہ تاریخ پر بوقت 8 بجے صبح اصالتاً یا وکالتاً حاضر عدالت ہو کر جواب دعویٰ داخل کرے بصورت دیگر کارروائی یکطرفہ عمل میں لائی جائے گی اور فیصلہ سنا دیا جائے گا آج بتاریخ ہمارے دستخط و مہر عدالت سے جاری ہوا عدالت ہذا میں دعویٰ دائر کیا گیا ہے جس کی سماعت مقرر ہے مدعا علیہ کو بذریعہ اشتہار اطلاع دی جاتی ہے کہ وہ مقررہ تاریخ پر بوقت 8 بجے صبح اصالتاً یا وکالتاً حاضر عدالت ہو کر جواب دعویٰ داخل کرے بصورت دیگر کارروائی یکطرفہ عمل میں لائی جائے گی اور فیصلہ سنا دیا جائے گا آج بتاریخ ہمارے دستخط و مہر عدالت سے جاری ہوا عدالت ہذا میں دعویٰ
بجے 59
جیجاسٹ
عدالت ہذا میں دعویٰ دائر کیا گیا ہے جس کی سماعت مقرر ہے مدعا علیہ کو بذریعہ اشتہار اطلاع دی جاتی ہے کہ وہ مقررہ تاریخ پر بوقت 8 بجے صبح اصالتاً یا وکالتاً حاضر عدالت ہو کر جواب دعویٰ داخل کرے بصورت دیگر کارروائی یکطرفہ عمل میں لائی جائے گی اور فیصلہ سنا دیا جائے گا آج بتاریخ ہمارے دستخط و مہر عدالت سے جاری ہوا عدالت ہذا میں دعویٰ دائر کیا گیا ہے جس کی سماعت مقرر ہے مدعا علیہ کو بذریعہ اشتہار اطلاع دی جاتی ہے کہ وہ مقررہ تاریخ پر بوقت 8 بجے صبح اصالتاً یا وکالتاً حاضر عدالت ہو کر جواب دعویٰ داخل کرے بصورت دیگر کارروائی یکطرفہ عمل میں لائی جائے گی اور فیصلہ سنا دیا جائے گا آج بتاریخ ہمارے دستخط و مہر عدالت سے جاری ہوا عدالت ہذا میں دعویٰ دائر کیا گیا ہے جس کی سماعت مقرر ہے مدعا علیہ کو بذریعہ اشتہار اطلاع دی جاتی ہے کہ وہ مقررہ تاریخ پر بوقت 8 بجے صبح اصالتاً یا وکالتاً حاضر عدالت ہو کر جواب دعویٰ داخل کرے بصورت دیگر کارروائی یکطرفہ عمل میں لائی جائے گی اور فیصلہ سنا دیا جائے گا آج بتاریخ ہمارے دستخط و مہر عدالت سے جاری ہوا عدالت ہذا میں دعویٰ دائر کیا گیا ہے جس کی سماعت مقرر ہے مدعا علیہ کو بذریعہ اشتہار اطلاع دی جاتی ہے کہ وہ مقررہ تاریخ پر بوقت 8 بجے صبح اصالتاً یا وکالتاً حاضر عدالت ہو کر جواب دعویٰ داخل کرے بصورت دیگر کارروائی یکطرفہ عمل میں لائی جائے گی اور فیصلہ سنا دیا جائے گا آج بتاریخ ہمارے دستخط و مہر عدالت سے جاری ہوا عدالت ہذا میں دعویٰ دائر کیا گیا ہے جس کی سماعت مقرر ہے مدعا علیہ کو بذریعہ اشتہار اطلاع دی جاتی ہے کہ وہ مقررہ تاریخ پر بوقت 8 بجے صبح اصالتاً یا وکالتاً حاضر عدالت ہو کر جواب دعویٰ داخل کرے بصورت دیگر کارروائی یکطرفہ عمل میں لائی جائے گی اور فیصلہ سنا دیا جائے گا آج بتاریخ ہمارے دستخط و مہر عدالت سے جاری ہوا عدالت ہذا میں دعویٰ دائر کیا گیا ہے جس کی سماعت مقرر ہے مدعا علیہ کو بذریعہ اشتہار اطلاع دی جاتی ہے کہ وہ مقررہ تاریخ پر بوقت 8 بجے صبح اصالتاً یا وکالتاً حاضر عدالت ہو کر جواب دعویٰ داخل کرے بصورت دیگر کارروائی یکطرفہ عمل میں لائی جائے گی اور فیصلہ سنا دیا جائے گا آج بتاریخ ہمارے دستخط و مہر عدالت سے جاری ہوا عدالت ہذا میں دعویٰ دائر کیا گیا ہے جس کی سماعت مقرر ہے مدعا علیہ کو بذریعہ اشتہار اطلاع دی جاتی ہے کہ وہ مقررہ تاریخ پر بوقت 8 بجے صبح اصالتاً یا وکالتاً حاضر عدالت ہو کر جواب دعویٰ داخل کرے بصورت دیگر کارروائی یکطرفہ عمل میں لائی جائے گی اور فیصلہ سنا دیا جائے گا آج بتاریخ ہمارے دستخط و مہر عدالت سے جاری ہوا
بجے 60
جیجاسٹ
عدالت ہذا میں دعویٰ دائر کیا گیا ہے جس کی سماعت مقرر ہے مدعا علیہ کو بذریعہ اشتہار اطلاع دی جاتی ہے کہ وہ مقررہ تاریخ پر بوقت 8 بجے صبح اصالتاً یا وکالتاً حاضر عدالت ہو کر جواب دعویٰ داخل کرے بصورت دیگر کارروائی یکطرفہ عمل میں لائی جائے گی اور فیصلہ سنا دیا جائے گا آج بتاریخ ہمارے دستخط و مہر عدالت سے جاری ہوا عدالت ہذا میں دعویٰ دائر کیا گیا ہے جس کی سماعت مقرر ہے مدعا علیہ کو بذریعہ اشتہار اطلاع دی جاتی ہے کہ وہ مقررہ تاریخ پر بوقت 8 بجے صبح اصالتاً یا وکالتاً حاضر عدالت ہو کر جواب دعویٰ داخل کرے بصورت دیگر کارروائی یکطرفہ عمل میں لائی جائے گی اور فیصلہ سنا دیا جائے گا آج بتاریخ ہمارے دستخط و مہر عدالت سے جاری ہوا عدالت ہذا میں دعویٰ دائر کیا گیا ہے جس کی سماعت مقرر ہے مدعا علیہ کو بذریعہ اشتہار اطلاع دی جاتی ہے کہ وہ مقررہ تاریخ پر بوقت 8 بجے صبح اصالتاً یا وکالتاً حاضر عدالت ہو کر جواب دعویٰ داخل کرے بصورت دیگر کارروائی یکطرفہ عمل میں لائی جائے گی اور فیصلہ سنا دیا جائے گا آج بتاریخ ہمارے دستخط و مہر عدالت سے جاری ہوا
بجے 61
جیجاسٹ
عدالت ہذا میں دعویٰ دائر کیا گیا ہے جس کی سماعت مقرر ہے مدعا علیہ کو بذریعہ اشتہار اطلاع دی جاتی ہے کہ وہ مقررہ تاریخ پر بوقت 8 بجے صبح اصالتاً یا وکالتاً حاضر عدالت ہو کر جواب دعویٰ داخل کرے بصورت دیگر کارروائی یکطرفہ عمل میں لائی جائے گی اور فیصلہ سنا دیا جائے گا آج بتاریخ ہمارے دستخط و مہر عدالت سے جاری ہوا عدالت ہذا میں دعویٰ دائر کیا گیا ہے جس کی سماعت مقرر ہے مدعا علیہ کو بذریعہ اشتہار اطلاع دی جاتی ہے کہ وہ مقررہ تاریخ پر بوقت 8 بجے صبح اصالتاً یا وکالتاً حاضر عدالت ہو کر جواب دعویٰ داخل کرے بصورت دیگر کارروائی یکطرفہ عمل میں لائی جائے گی اور فیصلہ سنا دیا جائے گا آج بتاریخ ہمارے دستخط و مہر عدالت سے جاری ہوا عدالت ہذا میں دعویٰ دائر کیا گیا ہے جس کی سماعت مقرر ہے مدعا علیہ کو بذریعہ اشتہار اطلاع دی جاتی ہے کہ وہ مقررہ تاریخ پر بوقت 8 بجے صبح اصالتاً یا وکالتاً حاضر عدالت ہو کر جواب دعویٰ داخل کرے بصورت دیگر کارروائی یکطرفہ عمل میں لائی جائے گی اور فیصلہ سنا دیا جائے گا آج بتاریخ ہمارے دستخط و مہر عدالت سے جاری ہوا عدالت ہذا میں دعویٰ دائر کیا گیا ہے جس کی سماعت مقرر ہے مدعا علیہ کو بذریعہ اشتہار اطلاع دی جاتی ہے کہ وہ مقررہ تاریخ پر بوقت 8 بجے صبح اصالتاً یا وکالتاً حاضر عدالت ہو کر جواب دعویٰ داخل کرے بصورت دیگر کارروائی یکطرفہ عمل میں لائی جائے گی اور فیصلہ سنا دیا جائے گا آج بتاریخ ہمارے دستخط و مہر عدالت سے جاری ہوا
بجے 62
جیجاسٹ
عدالت ہذا میں دعویٰ دائر کیا گیا ہے جس کی سماعت مقرر ہے مدعا علیہ کو بذریعہ اشتہار اطلاع دی جاتی ہے کہ وہ مقررہ تاریخ پر بوقت 8 بجے صبح اصالتاً یا وکالتاً حاضر عدالت ہو کر جواب دعویٰ داخل کرے بصورت دیگر کارروائی یکطرفہ عمل میں لائی جائے گی اور فیصلہ سنا دیا جائے گا آج بتاریخ ہمارے دستخط و مہر عدالت سے جاری ہوا عدالت ہذا میں دعویٰ دائر کیا گیا ہے جس کی سماعت مقرر ہے مدعا علیہ کو بذریعہ اشتہار اطلاع دی جاتی ہے کہ وہ مقررہ تاریخ پر بوقت 8 بجے صبح اصالتاً یا وکالتاً حاضر عدالت ہو کر جواب دعویٰ داخل کرے بصورت دیگر کارروائی یکطرفہ عمل میں لائی جائے گی اور فیصلہ سنا دیا جائے گا آج بتاریخ ہمارے دستخط و مہر عدالت سے جاری ہوا عدالت ہذا میں دعویٰ دائر کیا گیا ہے جس کی سماعت مقرر ہے مدعا علیہ کو بذریعہ اشتہار اطلاع دی جاتی ہے کہ وہ مقررہ تاریخ پر بوقت 8 بجے صبح اصالتاً یا وکالتاً حاضر عدالت ہو کر جواب دعویٰ داخل کرے بصورت دیگر کارروائی یکطرفہ عمل میں لائی جائے گی اور فیصلہ سنا دیا جائے گا آج بتاریخ ہمارے دستخط و مہر عدالت سے جاری ہوا عدالت ہذا میں دعویٰ دائر کیا گیا ہے جس کی سماعت مقرر ہے مدعا علیہ کو بذریعہ اشتہار اطلاع دی جاتی ہے کہ وہ مقررہ تاریخ پر بوقت 8 بجے صبح اصالتاً یا وکالتاً حاضر عدالت ہو کر جواب دعویٰ داخل کرے بصورت دیگر کارروائی یکطرفہ عمل میں لائی جائے گی اور فیصلہ سنا دیا جائے گا آج بتاریخ ہمارے دستخط و مہر عدالت سے جاری ہوا عدالت ہذا میں دعویٰ دائر کیا گیا ہے جس کی سماعت مقرر ہے مدعا علیہ کو بذریعہ اشتہار اطلاع دی جاتی ہے کہ وہ مقررہ تاریخ پر بوقت 8 بجے صبح اصالتاً یا وکالتاً حاضر عدالت ہو کر جواب دعویٰ داخل کرے بصورت دیگر کارروائی یکطرفہ عمل میں لائی جائے گی اور فیصلہ سنا دیا جائے گا آج بتاریخ ہمارے دستخط و مہر عدالت سے جاری ہوا
بجے 63
جیجاسٹ
عدالت ہذا میں دعویٰ دائر کیا گیا ہے جس کی سماعت مقرر ہے مدعا علیہ کو بذریعہ اشتہار اطلاع دی جاتی ہے کہ وہ مقررہ تاریخ پر بوقت 8 بجے صبح اصالتاً یا وکالتاً حاضر عدالت ہو کر جواب دعویٰ داخل کرے بصورت دیگر کارروائی یکطرفہ عمل میں لائی جائے گی اور فیصلہ سنا دیا جائے گا آج بتاریخ ہمارے دستخط و مہر عدالت سے جاری ہوا عدالت ہذا میں دعویٰ دائر کیا گیا ہے جس کی سماعت مقرر ہے مدعا علیہ کو بذریعہ اشتہار اطلاع دی جاتی ہے کہ وہ مقررہ تاریخ پر بوقت 8 بجے صبح اصالتاً یا وکالتاً حاضر عدالت ہو کر جواب دعویٰ داخل کرے بصورت دیگر کارروائی یکطرفہ عمل میں لائی جائے گی اور فیصلہ سنا دیا جائے گا آج بتاریخ ہمارے دستخط و مہر عدالت سے جاری ہوا عدالت ہذا میں دعویٰ دائر کیا گیا ہے جس کی سماعت مقرر ہے مدعا علیہ کو بذریعہ اشتہار اطلاع دی جاتی ہے کہ وہ مقررہ تاریخ پر بوقت 8 بجے صبح اصالتاً یا وکالتاً حاضر عدالت ہو کر جواب دعویٰ داخل کرے بصورت دیگر کارروائی یکطرفہ عمل میں لائی جائے گی اور فیصلہ سنا دیا جائے گا آج بتاریخ ہمارے دستخط و مہر عدالت سے جاری ہوا عدالت ہذا میں دعویٰ دائر کیا گیا ہے جس کی سماعت مقرر ہے مدعا علیہ کو بذریعہ اشتہار اطلاع دی جاتی ہے کہ وہ مقررہ تاریخ پر بوقت 8 بجے صبح اصالتاً یا وکالتاً حاضر عدالت ہو کر جواب دعویٰ داخل کرے بصورت دیگر کارروائی یکطرفہ عمل میں لائی جائے گی اور فیصلہ سنا دیا جائے گا آج بتاریخ ہمارے دستخط و مہر عدالت سے جاری ہوا عدالت ہذا میں دعویٰ دائر کیا گیا ہے جس کی سماعت مقرر ہے مدعا علیہ کو بذریعہ اشتہار اطلاع دی جاتی ہے کہ وہ مقررہ تاریخ پر بوقت 8 بجے صبح اصالتاً یا وکالتاً حاضر عدالت ہو کر جواب دعویٰ داخل کرے بصورت دیگر کارروائی یکطرفہ عمل میں لائی جائے گی اور فیصلہ سنا دیا جائے گا آج بتاریخ ہمارے دستخط و مہر عدالت سے جاری ہوا عدالت ہذا میں دعویٰ دائر کیا گیا ہے جس کی سماعت مقرر ہے مدعا علیہ کو بذریعہ اشتہار اطلاع دی جاتی ہے کہ وہ مقررہ تاریخ پر بوقت 8 بجے صبح اصالتاً یا وکالتاً حاضر عدالت ہو کر جواب دعویٰ داخل کرے بصورت دیگر کارروائی یکطرفہ عمل میں لائی جائے گی اور فیصلہ سنا دیا جائے گا آج بتاریخ ہمارے دستخط و مہر عدالت سے جاری ہوا
بجے 64
جیجاسٹ
عدالت ہذا میں دعویٰ دائر کیا گیا ہے جس کی سماعت مقرر ہے مدعا علیہ کو بذریعہ اشتہار اطلاع دی جاتی ہے کہ وہ مقررہ تاریخ پر بوقت 8 بجے صبح اصالتاً یا وکالتاً حاضر عدالت ہو کر جواب دعویٰ داخل کرے بصورت دیگر کارروائی یکطرفہ عمل میں لائی جائے گی اور فیصلہ سنا دیا جائے گا آج بتاریخ ہمارے دستخط و مہر عدالت سے جاری ہوا عدالت ہذا میں دعویٰ دائر کیا گیا ہے جس کی سماعت مقرر ہے مدعا علیہ کو بذریعہ اشتہار اطلاع دی جاتی ہے کہ وہ مقررہ تاریخ پر بوقت 8 بجے صبح اصالتاً یا وکالتاً حاضر عدالت ہو کر جواب دعویٰ داخل کرے بصورت دیگر کارروائی یکطرفہ عمل میں لائی جائے گی اور فیصلہ سنا دیا جائے گا آج بتاریخ ہمارے دستخط و مہر عدالت سے جاری ہوا عدالت ہذا میں دعویٰ دائر کیا گیا ہے جس کی سماعت مقرر ہے مدعا علیہ کو بذریعہ اشتہار اطلاع دی جاتی ہے کہ وہ مقررہ تاریخ پر بوقت 8 بجے صبح اصالتاً یا وکالتاً حاضر عدالت ہو کر جواب دعویٰ داخل کرے بصورت دیگر کارروائی یکطرفہ عمل میں لائی جائے گی اور فیصلہ سنا دیا جائے گا آج بتاریخ ہمارے دستخط و مہر عدالت سے جاری ہوا عدالت ہذا میں دعویٰ دائر کیا گیا ہے جس کی سماعت مقرر ہے مدعا علیہ کو بذریعہ اشتہار اطلاع دی جاتی ہے کہ وہ مقررہ تاریخ پر بوقت 8 بجے صبح اصالتاً یا وکالتاً حاضر عدالت ہو کر جواب دعویٰ داخل کرے بصورت دیگر کارروائی یکطرفہ عمل میں لائی جائے گی اور فیصلہ سنا دیا جائے گا آج بتاریخ ہمارے دستخط و مہر عدالت سے جاری ہوا عدالت ہذا میں دعویٰ دائر کیا گیا ہے جس کی سماعت مقرر ہے مدعا علیہ کو بذریعہ اشتہار اطلاع دی جاتی ہے کہ وہ مقررہ تاریخ پر بوقت 8 بجے صبح اصالتاً یا وکالتاً حاضر عدالت ہو کر جواب دعویٰ داخل کرے بصورت دیگر کارروائی یکطرفہ عمل میں لائی جائے گی اور فیصلہ سنا دیا جائے گا آج بتاریخ ہمارے دستخط و مہر عدالت سے جاری ہوا عدالت ہذا میں دعویٰ دائر کیا گیا ہے جس کی سماعت مقرر ہے مدعا علیہ کو بذریعہ اشتہار اطلاع دی جاتی ہے کہ وہ مقررہ تاریخ پر بوقت 8 بجے صبح اصالتاً یا وکالتاً حاضر عدالت ہو کر جواب دعویٰ داخل کرے بصورت دیگر کارروائی یکطرفہ عمل میں لائی جائے گی اور فیصلہ سنا دیا جائے گا آج بتاریخ ہمارے دستخط و مہر عدالت سے جاری ہوا عدالت ہذا میں دعویٰ دائر کیا گیا ہے جس کی سماعت مقرر ہے مدعا علیہ کو بذریعہ اشتہار اطلاع دی جاتی ہے کہ وہ مقررہ تاریخ پر بوقت 8 بجے صبح اصالتاً یا وکالتاً حاضر عدالت ہو کر جواب دعویٰ داخل کرے بصورت دیگر کارروائی یکطرفہ عمل میں لائی جائے گی اور فیصلہ سنا دیا جائے گا آج بتاریخ ہمارے دستخط و مہر عدالت سے جاری ہوا
بجے 65
جیجاسٹ
عدالت ہذا میں دعویٰ دائر کیا گیا ہے جس کی سماعت مقرر ہے مدعا علیہ کو بذریعہ اشتہار اطلاع دی جاتی ہے کہ وہ مقررہ تاریخ پر بوقت 8 بجے صبح اصالتاً یا وکالتاً حاضر عدالت ہو کر جواب دعویٰ داخل کرے بصورت دیگر کارروائی یکطرفہ عمل میں لائی جائے گی اور فیصلہ سنا دیا جائے گا آج بتاریخ ہمارے دستخط و مہر عدالت سے جاری ہوا عدالت ہذا میں دعویٰ دائر کیا گیا ہے جس کی سماعت مقرر ہے مدعا علیہ کو بذریعہ اشتہار اطلاع دی جاتی ہے کہ وہ مقررہ تاریخ پر بوقت 8 بجے صبح اصالتاً یا وکالتاً حاضر عدالت ہو کر جواب دعویٰ داخل کرے بصورت دیگر کارروائی یکطرفہ عمل میں لائی جائے گی اور فیصلہ سنا دیا جائے گا آج بتاریخ ہمارے دستخط و مہر عدالت سے جاری ہوا عدالت ہذا میں دعویٰ دائر کیا گیا ہے جس کی سماعت مقرر ہے مدعا علیہ کو بذریعہ اشتہار اطلاع دی جاتی ہے کہ وہ مقررہ تاریخ پر بوقت 8 بجے صبح اصالتاً یا وکالتاً حاضر عدالت ہو کر جواب دعویٰ داخل کرے بصورت دیگر کارروائی یکطرفہ عمل میں لائی جائے گی اور فیصلہ سنا دیا جائے گا آج بتاریخ ہمارے دستخط و مہر عدالت سے جاری ہوا
بجے 66
جیجاسٹ
عدالت ہذا میں دعویٰ دائر کیا گیا ہے جس کی سماعت مقرر ہے مدعا علیہ کو بذریعہ اشتہار اطلاع دی جاتی ہے کہ وہ مقررہ تاریخ پر بوقت 8 بجے صبح اصالتاً یا وکالتاً حاضر عدالت ہو کر جواب دعویٰ داخل کرے بصورت دیگر کارروائی یکطرفہ عمل میں لائی جائے گی اور فیصلہ سنا دیا جائے گا آج بتاریخ ہمارے دستخط و مہر عدالت سے جاری ہوا عدالت ہذا میں دعویٰ دائر کیا گیا ہے جس کی سماعت مقرر ہے مدعا علیہ کو بذریعہ اشتہار اطلاع دی جاتی ہے کہ وہ مقررہ تاریخ پر بوقت 8 بجے صبح اصالتاً یا وکالتاً حاضر عدالت ہو کر جواب دعویٰ داخل کرے بصورت دیگر کارروائی یکطرفہ عمل میں لائی جائے گی اور فیصلہ سنا دیا جائے گا آج بتاریخ ہمارے دستخط و مہر عدالت سے جاری ہوا عدالت ہذا میں دعویٰ دائر کیا گیا ہے جس کی سماعت مقرر ہے مدعا علیہ کو بذریعہ اشتہار اطلاع دی جاتی ہے کہ وہ مقررہ تاریخ پر بوقت 8 بجے صبح اصالتاً یا وکالتاً حاضر عدالت ہو کر جواب دعویٰ داخل کرے بصورت دیگر کارروائی یکطرفہ عمل میں لائی جائے گی اور فیصلہ سنا دیا جائے گا آج بتاریخ ہمارے دستخط و مہر عدالت سے جاری ہوا عدالت ہذا میں دعویٰ دائر کیا گیا ہے جس کی سماعت مقرر ہے مدعا علیہ کو بذریعہ اشتہار اطلاع دی جاتی ہے کہ وہ مقررہ تاریخ پر بوقت 8 بجے صبح اصالتاً یا وکالتاً حاضر عدالت ہو کر جواب دعویٰ داخل کرے بصورت دیگر کارروائی یکطرفہ عمل میں لائی جائے گی اور فیصلہ سنا دیا جائے گا آج بتاریخ ہمارے دستخط و مہر عدالت سے جاری ہوا
بجے 67
جیجاسٹ
عدالت ہذا میں دعویٰ دائر کیا گیا ہے جس کی سماعت مقرر ہے مدعا علیہ کو بذریعہ اشتہار اطلاع دی جاتی ہے کہ وہ مقررہ تاریخ پر بوقت 8 بجے صبح اصالتاً یا وکالتاً حاضر عدالت ہو کر جواب دعویٰ داخل کرے بصورت دیگر کارروائی یکطرفہ عمل میں لائی جائے گی اور فیصلہ سنا دیا جائے گا آج بتاریخ ہمارے دستخط و مہر عدالت سے جاری ہوا عدالت ہذا میں دعویٰ دائر کیا گیا ہے جس کی سماعت مقرر ہے مدعا علیہ کو بذریعہ اشتہار اطلاع دی جاتی ہے کہ وہ مقررہ تاریخ پر بوقت 8 بجے صبح اصالتاً یا وکالتاً حاضر عدالت ہو کر جواب دعویٰ داخل کرے بصورت دیگر کارروائی یکطرفہ عمل میں لائی جائے گی اور فیصلہ سنا دیا جائے گا آج بتاریخ ہمارے دستخط و مہر عدالت سے جاری ہوا عدالت ہذا میں دعویٰ دائر کیا گیا ہے جس کی سماعت مقرر ہے مدعا علیہ کو بذریعہ اشتہار اطلاع دی جاتی ہے کہ وہ مقررہ تاریخ پر بوقت 8 بجے صبح اصالتاً یا وکالتاً حاضر عدالت ہو کر جواب دعویٰ داخل کرے بصورت دیگر کارروائی یکطرفہ عمل میں لائی جائے گی اور فیصلہ سنا دیا جائے گا آج بتاریخ ہمارے دستخط و مہر عدالت سے جاری ہوا عدالت ہذا میں دعویٰ دائر کیا گیا ہے جس کی سماعت مقرر ہے مدعا علیہ کو بذریعہ اشتہار اطلاع دی جاتی ہے کہ وہ مقررہ تاریخ پر بوقت 8 بجے صبح اصالتاً یا وکالتاً حاضر عدالت ہو کر جواب دعویٰ داخل کرے بصورت دیگر کارروائی یکطرفہ عمل میں لائی جائے گی اور فیصلہ سنا دیا جائے گا آج بتاریخ ہمارے دستخط و مہر عدالت سے جاری ہوا عدالت ہذا میں دعویٰ دائر کیا گیا ہے جس کی سماعت مقرر ہے مدعا علیہ کو بذریعہ اشتہار اطلاع دی جاتی ہے کہ وہ مقررہ تاریخ پر بوقت 8 بجے صبح اصالتاً یا وکالتاً حاضر عدالت ہو کر جواب دعویٰ داخل کرے بصورت دیگر کارروائی یکطرفہ عمل میں لائی جائے گی اور فیصلہ سنا دیا جائے گا آج بتاریخ ہمارے دستخط و مہر عدالت سے جاری ہوا
بعدالت جناب محمد عارف انجم صاحب سب رجسٹرار تحصیل و ضلع شیخوپورہ
بنام محمد طارق ولد محمد شفیع قوم ارائیں سکنہ محلہ اسلام پورہ شیخوپورہ مقدمہ بعنوان رجسٹریشن دستاویز تاریخ پیشی مقرر ہے لہذا اطلاع دی جاتی ہے کہ حاضر ہو کر پیروی کریں بصورت دیگر کارروائی یکطرفہ عمل میں لائی جائے گی
عاق نامہ/لاتعلقی
میں مسمی محمد اسلم ولد محمد اشرف قوم راجپوت سکنہ شیخوپورہ اپنے بیٹے کو اس کی نافرمانی اور غلط روش کی وجہ سے اپنی جائیداد منقولہ و غیر منقولہ سے عاق کرتا ہوں آئندہ اس کے کسی بھی لین دین کا میں ذمہ دار نہ ہوں گا
ہراساں: محمد اسلم
